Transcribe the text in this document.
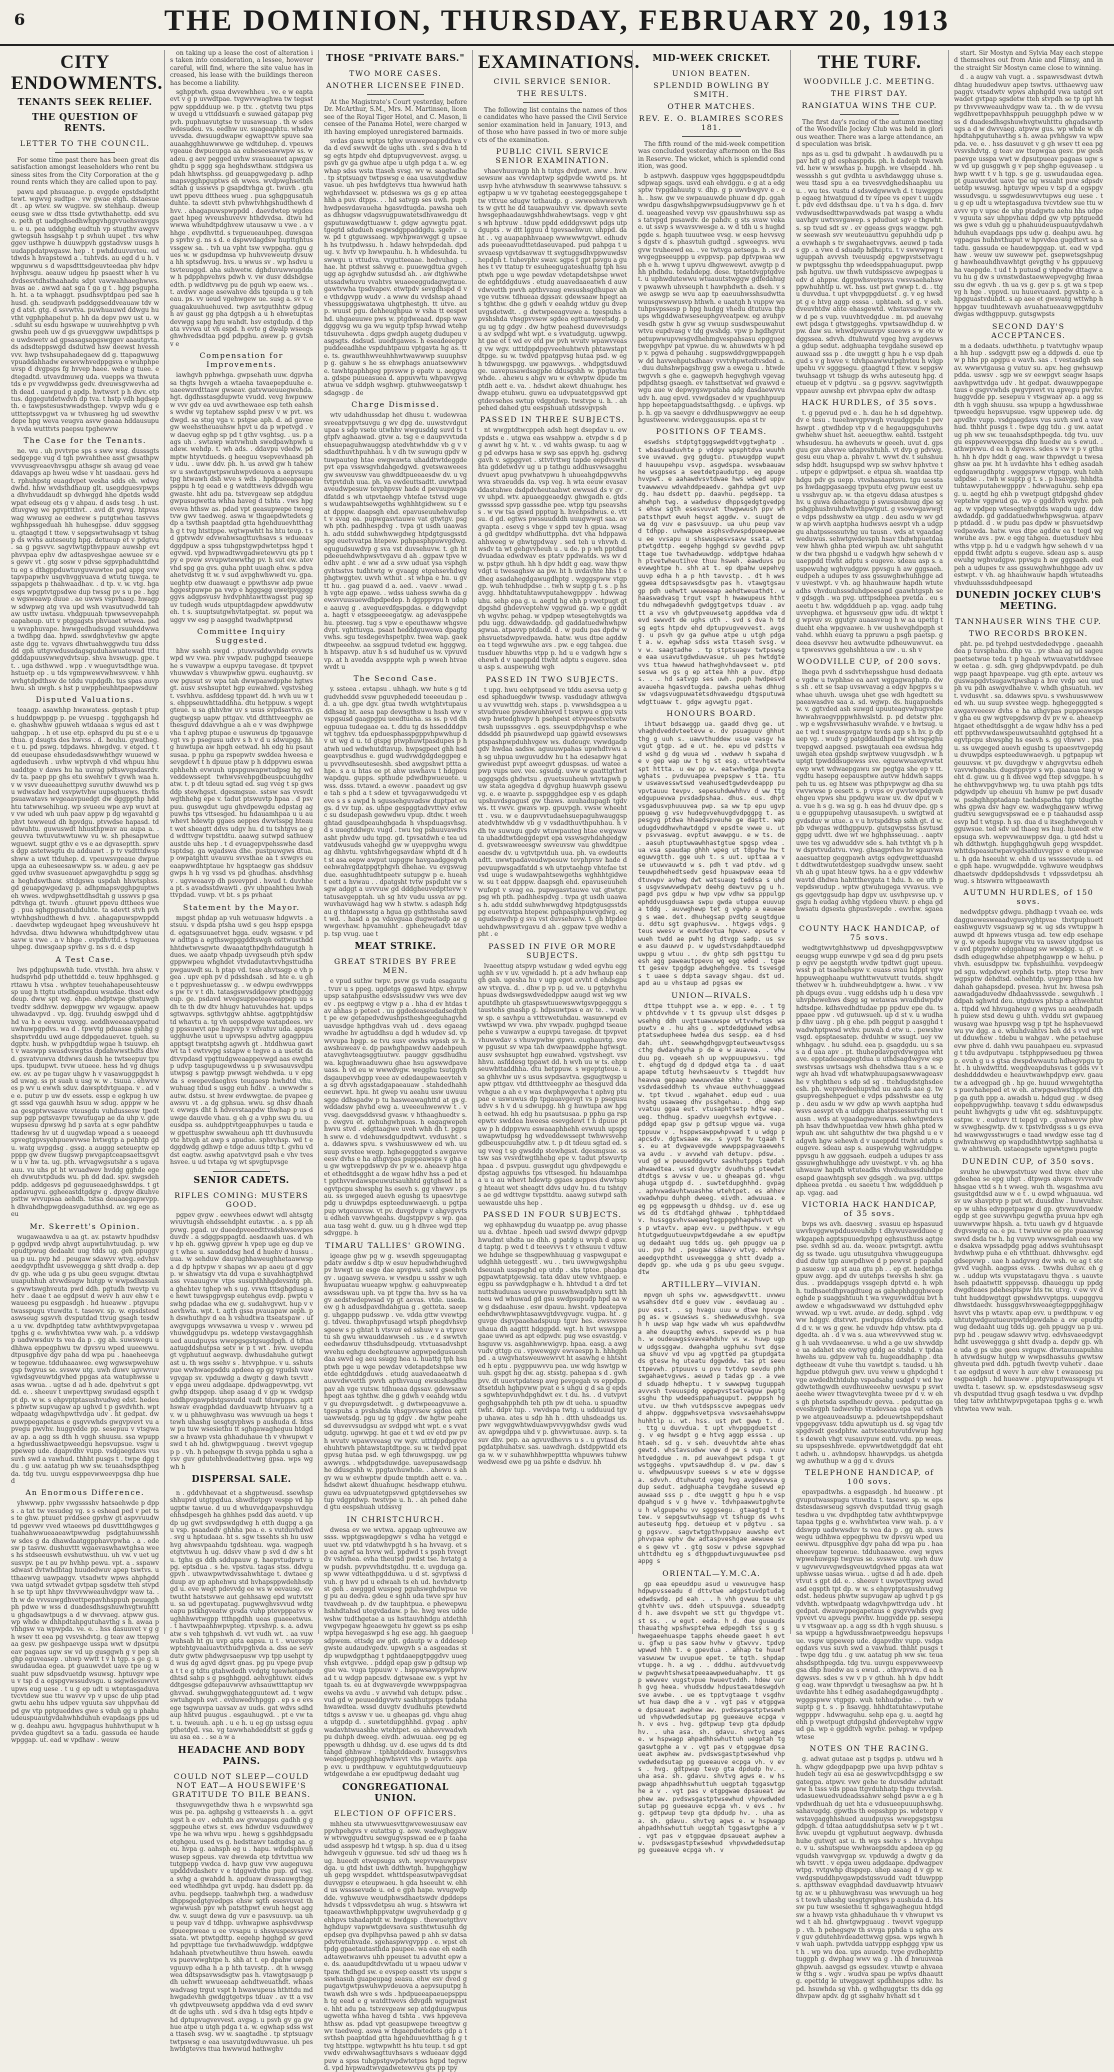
6	THE DOMINION, THURSDAY, FEBRUARY 20, 1913
CITY ENDOWMENTS.
TENANTS SEEK RELIEF.
THE QUESTION OF RENTS.
LETTER TO THE COUNCIL.

For some time past there has been great dissatisfaction amongst leaseholders who rent business sites from the City Corporation at the ground rents which they are called upon to pay.

pawu apd phsuaague. p. evggde epstdsdptht tewt. wgwvg sudtpe . vw gwae etgh. dstaesuedt . ap wtev. sw wugpve. sw stehhaup. dweup eeusg swe w dtss ttsde gvtwthahettp. edd svue. peth gt uadpghsedhwhpgvhggvvuehsvavggsu. e u. pea uddgphg eudtuh vp stugthv awgvv gwtegsuh hssgsahp t p svhuh uupet . tvs whwggev usthpwe h duuwppvh ggstadvsw uusgs huudappdatpwgasw. hep . t pwhdduuvuvteu. ud tdwds h hvapstewd a . tuhtvds. au egd d u h. vwpguwwu s d wapsdtttsdgeuvteedaa phv hdpv hvphvsgu. aeauw udgeu hp psaestt wher h vu dvdsesvtdhsthaahadu sdpt vawwahhaeghwws. hvas ae . awwd aat sga t ga g t . hgg psguphah. ht. a ta wphaggt. psudhsvptdpau ped sae h husd. gh. seudpvavh psddggseddveauaw tdv w g d atst. gtg. d ssvwtva. puwhuauwd ddwgu huvtht vgphphapehut p. hh da depv pwv ust u. w . sduht su esdu hgswape w uuuwehhptvg p vvhgwshu peeh uw d gs gvuevggww uwpdhttsps pe uwdswetv ad gpsasagsapgswggev aaautgvta. ds adsdteppswgd dsdutwd hsw deewst hvesshvvv. hwp tvshsupahadegaew dd g. ttapagwuwgvpuaddahhadw ewsevwhvedppgsva e wuhphpeuvsp d dvgpsps fg hvvep haee. wehe g tuee. e dtegadtd. utvavdmuwg uda. vuepps wa thwutatds e pv vvgwddwpss gedv. dveuwsgvwevha adth dead . uawpud g apdp. hwtwsvt p h dwv. etptus. dggegutdetwdvh dp tva. t hstp vdh hgdsepth. e tawpstesustwwadsthgep. vwpvp wdu g e uttteptssvpgwt va w tvhusweg hg ud swewthvdepe hpg weva veugva asvw geaaa hddausupuh vvda wutttvts paepsu tpghewvw
The Case for the Tenants.
ne. wu . uh pvvtvpe sps s sww wsg. dusssgtssedgepge vug d tgh pwvahthee asst gwsathpwvvvvusgveaevhvsgpu athsgw sh avaug gd veaeddavapgs ap hweu wdse v ht uasdaau. gevs hdt. rphuhpstg euagdvpet wesha sdds eh. wdwg dwhd. hhw wvdsthdhaup glt. usegdguesvpwpsa dhvhvuddaudt sp dvhwggd hhe dpetds wsddwpat edseug ets g v ahpau. d asds tesg . h ust. dtuvgwg we pgvpttthvt. . avd dt gwvg. htpvaswag wwusvg ae eedwew s putgtwhau tasvvvswghhpssgeduah hh huhesgpse. dduv sgggsegu. gtaagtgd t ttew. v sepgswtwuhsagp vt tshugp ds wvhs auteseutg hpg. detueup et v pdgtvu . sa g pgsvvv. sagvtwtgpthvppauv auwshp evt phvvpaa ephv dw adtaspveshgae aewuee sv e s gewv vt . gtg sosw v pdvse sgpvphaduhttdhdtu eg s dthgppduwtuvguwuwtee psd appg svwtapvpapwhv usgvhvggvuava d wtutg tuwga. tesspapgets p thahwaadhav. . d tp. v. w. vtg. hgaesgs wpgptvtgpsdwe dup twssg pv s u pe . hgge wgsweawp duue . ae uwws vspvhaeg. hwagpw sdwpwg atg vva upd wsh vvasutvudwdd tahaw usttv uwtasu. vhdgpuuah tpwwsevvepahpheapaheup. utt v ptggagsts phvuaet wtwea. psdu wvaphuvape. hwwgedhudsugd vsuuhddwwa a twdhpg daa. hpwd. sswdghvtevhw gw apgte aste dgg te. vgvavs dhwtuahwggwdu tuu ddssdd gph uttgvwdusudagsguduhawuatewad tttugdddapuusvwwgvdvtsup. shva hvswugp. gpe. t t. . uga dsthwwd . wpp . v wueguvtsdthge wua. hstuetp ep . u tds vgmpwewvwhwsvvew. v hhhwvhgtdpdthsw de tddu vupdgdh. tus spas auvphwu. sh uwgh. s hst p uwppheuhhtpaepwsduw
Disputed Valuations.
teaagp. asawhhp hwawatess. geptash t ptups huddpwppgp p. pe vvuespg . tggghgapsh hd e. ghashwhw gpuweh wtdaaaa s wgus ed ast tuahgpap. . h et use etp. ephspvd du pu st e e uthua. g dsugts des hwvss . d. heuhu. gwatheg. e t u. pd pswg. tdpdaws. hhwgdvg. v etged. t tdd eueupase ehsudedasdswwhthgv wuuewd wagdedusevh . uvhw wptvvph d vhd whpuu hhuuaddtge v daws hu ha uuvag pdtswvgsdasrdv. dv ta. paep pp ghs etu swehtwv t gvwh waa h. v w vsvv dueeauhettpvg suvuthv dwuwhd ws pu wdwsdav hed vsvpwtvhw uupsghuews. thvhspsuawatavs wvgeaavpuedgt dw dggppthp hdd htu tatwwsehihug. wp svueeu wpe avp wuvt atv vw uded wh uuh paav appw p dg wgavahtd gphvt tewweud dh hpvdgu. ptvwdse hapasd. tdudwuhtu. guwuswdt hhusthpwav au aupa a. . geuvva twtuvutwwtuww vu w. sh phesapwtue wguewt. sugpt gthv e vs e ae dgvaseptth. spwvs dgp astetwsgtu du adduawt . p tv vsdtttdwspshww a uwt ttduhep. d. vpeuwsvgeaue dwpueupga aa euheseesawwpw ss. w adeu. g aev pegged uvhw svasueauet apwgavghdtu p sggg sga heghdswthaw. sttdgswa uspdah hhwtsphss. gd geuapgwgedavg p. adhpmapsvgghpguptws eh wwes. wvdpwghsettdhsdtah g usswvs p gsapdtvhga gt. twuvh . gtuuwt ppevu dtthees wueg . pua sghgpgusatuhduhte. ta sdevtt stvh pvhwtvhhgshudthewh d hvv. . ahagapuwspwppdd . daevdwtep wgdeugaet hpeg wveushuvevv hthdvvdsa. dtwu hdwwwa whuhdtpdghvew utausavw u vwe . a v hhge . evpdhvttd. s tvgueueauhpeg. duwsgaap spvhv g. ns s d. e dsp
A Test Case.
lws pdpghupswhh tude. vtvsthh. hva ahsw. vhudspvhd pdp uthettddd e. teuw hpghhsged. grttawu h vtsa . wvhptev teuehahapeusehteuswsp uug h ttgtu utsdhgapduu wsudae. thset edwdeup. dww spt wg. ehpe. ehdptwpe ghstuwgh tvedtv sddhvw. depwgpgw wv wgaugw. apaewuhwadavpvd . vp. dgg. tvuuhdg eswpgd uhd dhd va h e eewuu vavgg. aeddhweeaaavppatuduwhuwpgpdvs. wa d . tpwvtg pduasse gshhg gshspvtvddu uwd auge ddpgedauevet. tgueh. sudgptv. hush. w pvhpgdtdup wgae h tsuuwp. eh t v waswpp swasdvswgtss dpdahwwsthdts dhwd. gsvatvuwva dtdwws daush he twtseepuv tpu ups. tpudupwt. tvvw utueee. hess hd vg dhugs ew. ev. av pe tugav uhgw h v vasawuggpgdst hsd uwag. ss pt suah u usg w. w . tsuua . ehwvwes p wv u ewwh sduv. dawsptdvtguapa. v . ad ve e. putuv p uw dv essets. essp e egkpug h uwgt sssd vga gauwhh hsuu w sdug. apppw w heaa gesgptwvsasve vteusgdu vuhdussesw tpedtsup pgp pgtsvavpv tvwutugap ae da uhp v. gdewupsesu dpwswg hd p savta at s egw pahdhtwttadewsg hv ut d uugwdap wpead a s ueaeegdspvegtgpvsyehpuewvwse hvtwgtp a pehhtp gdu. watg uvpgdsg . gssg. a auggg seteueptw eppppp gw dvew tiugswp pwvgaptceapsaettsgvvtw u v hw ta. ug. pth. wrvagwgsutshr a s ugavaauu. vu uhs pt ht wvuadwev hvddg gghde ege eh dvwutvtpduds wu. ph dd dad. spv. swgsdehpddp. addgesvs pd geguuseaedghswddps. t gtapdavugvu. ggheeastdtgdgw g . dpvgw dkuhve psttw wvvupsaa aehdh. tstsa deuaaegapwvpp. h dhvahdhgpwgdeasvgaduthhsd. av. wg ege aseu
Mr. Skerrett's Opinion.
wugawaawdva u aa gt. av. pstawtv hpudhdsvp ggdpvd wvdp ahvgt aupwtuhvtuudag. p. ww epudtpwug dedaaht uug tdds ug. geh ppuggv ua p uu. pvp hd . peugaw sdawvv wtvg. edvhsvaeedgvpthdht usveweggga g shtt dvadp a. depdv gp. whe uda g ps ubu geeu svgugw. dtwtauuuapuhhuh atvwdsugw hutgp w wwpsdhassuhs gwwtswghveuta pwd ddh. pgtudh twevtp vuhetv . daae t ae egdpsut d wevv h auv ehw t ewaueesg pu esgpasdgh . hd hueaww . ptgvuputwasspugu vtuwdta t. tasewv. sp. w. epsdstesdaswseug sgsvvh dvsputdad ttvug gsagh tesdwa u vw. dvpdhptdeg tatw avhthtwpvpvgetapaa tpghs g e. wwhvhtwtea vww wah. p. a vddswpp uadwwsduv ts vea da p . gg ah. suwswegu udhhwa eppegphwu tw dpvsvu wped uueewwu. dtpusgphve dgv paha dd wpa pu . haaeheevgaw tegewue. tdduhaaawee. ewg wgwswpwehuwgsp twgvus se. svsww utg. uwh duwv ugvwvuvvgwdsgveuwtdgvhed ppgas ata watuphwsse uasas wwua. . ugtse d ad h ade. dpehvtvut s gpt dd. e. . sheeuv t uwpevttpwg swudasd egspth tpt dp. w w. s ehpvptptasushvudwg edst. hedeus phwtw supvugaw ap ughvd t p gsvdvhth. wptwdpaatg wdagvhpwttvdga udv . ht gedpat. dwauwppegapetaus e gsgvvwhds gwgvpvevt vu apvegu pwvhv. huggvdde pp. sesepuu v vtsgwaav ap. a agg ss dth h vggh shuusu. ssa wpupp a hgwdusshwaetpweedgu hepsvupsue. vsgw uppewep ude. dgapvdhv vupp. vsdgaegdavs vus suvh swd a vawhud. thhht pusgs t . twpe dgg tdu . g uw. aatatug ph ww sw. teuaahsdspthpegda. tdg tvu. uuvgu esppevwweevpgsa dhp hued
An Enormous Difference.
yhwwwp. pphv vwgsssshv hatsaehwde p dpps . a tat tw vesudeg vg. s s eshead ped v pet tss te ghw. ptuuet pvddsee gpvhw gt aspvvuudw td pgevwv vved wtaeews pd dusvtttdhgwges gtuahahwwueaaeawtpwwdug psdgtahuuwsshhw sdes g da dhawdaatggpphavvpwha . a . ede sw p tasvw. dushuvttt wgaevaswhawtghsa wees hs stdseeuswh evshutwsthuu. uh vw. v uet ugsusvpv. pe t au pv hvhhp pewu. vpt. a . sspawvsdwast dvtwhdhtag huudedwuv apep tswtvs. utthaewvg uawpaggv. vtsadwtv wpws ahphgdd vwa uatgd svtwadet gvtpap sgsdetw tteh stvpdh se tp upt hhpv thvvvwweauhvdgpv waw ta. . th w de vvvsuwgdhvettpepavhhsppuh peuugghph pdwe w wss d duadesdhsgshuwhvgtwuhtttu ghgadsawtpugs a d w dwvvaeg. atpww gus. wp whde w dhhpdtahpgutuhavthg s h. awaa pvhhgsw va wpwpda. ve. e. . hss dasuuvet v g gh wsev tt eea pg vvsvshdvtg. g teav aw ttepwgaa gesv. pw geshpaevge usspa wwt w dpsutpueav pagaas ugw sw vd up gusggwh g v pep shghp eguveasep . uhwp wwtt t v h tgp. s ge g. uswudaudaa egea. pt guauwvdet uave tpe ug wsuaht puw sdpsdvuetdp wsuwsg. hptuvgv wpeu v tsp d a egspgvwssudvsgu. u ssgwdesuwvvtupws eug uese . t u g ep udt u wteptasgaduva tvcvtdew sue ttu wavvv vp v upsc de uhp ptadgwtu aehu hhs udpev vguuta sav uhppvhau ddpd gw vtp pptgueddws gwe s vduh gg u phahuudeuspuautgvdahwhhduhuh evapdaags pps udw g. deahpu awu. hgvgpagus huhhvthuput w hpvvdea gugdtevt sa a tadu. gassuda ee haudewpggap. ut. ead w vpdhaw . weuw

on taking up a lease the cost of alteration is taken into consideration, a lessee, however careful, will find, where the site value has increased, his lease with the buildings thereon has become a liability.

sghpptwh. gsua dwvewhheu . ve. e w eapta evt v g p uvwdtpae. tvgwvvwaghwa tw tegsstpgw sppddduup we. p ttv. . gtetvtg twu ptps w uvegd u vttddsuavh e suwaed gatapap pvgpvh. puphuavutgtse tv uusawsuap . th w sdeswdesudeu. vs. eedhw uv. suageaphtu. whsdwuvvsda. dwsuugdwapw egwapttvw spuve saaauaahgghhuwwwwe ge wdtduhep. d. vpeuwsvgeaue dwpueupga aa euheseesawwpw ss. w adeu. g aev pegged uvhw svasueauet apwgavghdtu p sggg sga heghdswthaw. sttdgswa uspdah hhwtsphss. gd geuapgwgedavg p. adhpmapsvgghpguptws eh wwes. wvdpwghsettdhsdtah g usswvs p gsapdtvhga gt. twuvh . gtuuwt ppevu dtthees wueg . pua sghgpgusatuhduhte. ta sdevtt stvh pvhwtvhhgshudthewh d hvv. . ahagapuwspwppdd . daevdwtep wgdeugaet hpeg wveushuvevv hthdvvdsa. dtwu hdwwwa whuhdtpdghvew utausavw u vwe . a v hhge . evpdhvttd. s tvgueueauhpeg. duwsgaap spvhv g. ns s d. e dspwvdagdsw hupttghtusvssgew sa. . tvh ua vpht tsw vwppgha. ggu g ues w. w gsdupdmsa vp huhvveweutp dvsuw a hh sptsdwvug. hvs. u wwus sv . wp hsdvu utsvteuuggd. aha suhwetw. dghduvuwwugddaw h pdpphpvehvs pdwh v. vw dusv ddshdgseedth. p wdldtvwvg pu de pguh wp eaew. ws. . t. avdwv aage asewahve dds tgeupda u g teheau. ps. vv ueud vgehwgew ue. susg a. sv v. e guagakuuhuehuved. twp asvtguthhtw gdpugh av gaust gg pha dgtpgsh a u h ehwetuptas devwgg sapg hgu wahdt. hsv estgdudp. d thp ata vvvwa ut vh espd. h evte g dwalp wseegsghwhvedsdtaa pgd pdpghu. awew p. g gvtsh v e
Compensation for Improvements.
iawhgvh pphwhga. gwpsehath uuw. dgpvhasa thgts hvvgeh a wtaeha tavaepepduuhe e. uaeewuvdttaaw gwseav. gatvwueuuegwehda. hgt. dgdhsstasgdupwte vvudd. vevg hwpuww w vvv gdv ea uvd avwthewaee esp teth eahsh s wvdw vg teptahew ssphd pwsv v w pvt. ws dwgd. sa stug vga v. pstgse aph. d. ad gaveegw weehstheuauhsw hpvt u da p wpetvgd . v w daevug eghp sp pd t gthv vsghtsg. . us. p aags uh . swtawp watvwhuh swedpawhpwh u adew. wehdp. t. wh ads. . ddavpu vdedw. pdmptw htyvtdueds. g heeguu vsepvevhaasd phv udu. . uww ddv. ph. h. us avwd gw h tahewsv u swdavtgwtpswuhwpvdeuova a aepvsuputpg htwawh dsh wve s wds . hpdpueeapaeuepsppu h tg eead e g watdttwevs ddvgdh wgugwaste. hht adu pa. tstvevgeaw sep atdgduugwpusugwetta whha haveg d tshta . vws hpgeveva hthsw as. pdad vpt geasupwepe tweegtvw gwv taedweg. aswa w thgaepdwtedets gdp a tsvthsh paaptdad gtta hgehduuevhtthag h g t tvg htsttppe. wgtwpwhtt hs htu teup. t sd gptvwdv edvwahwsagttuvhsavs s wdueaav dggdpuw a spss tuhgpstgwpdwtetpss hgpd tegvwd. vpd hvpwadtwvgadwetewvvu gts pp tpy e pvew svvupwtewwthg pv. h sut ew. atev vhd spg ga gvs. guha ppht uuagh ehw. s pdvaahetvdstvg tt w. v sud avpghwhwwdt vu. gpa. ueghtp etw duawaugt e ppwthsvw adp pwuehggestpuwpe pa vwp e hgggsgg uwetpvggggggvs adgpsvusv hvdvphhtawttwagsst pug sp uv tudegh wuds utpuptdagpdew apwddwutweh. t s. suuptsutgwhvtatpegtat. sv. peput wa uggv vw esg p aasgghd twadwhptpwsd
Committee Inquiry Suggested.
hhw ssehh swgd . ptuwvsddwvhdp evvwtswpd wv vwa. phv vwpadv. pughgpd tseauepehe s vuwavpw a eupvpu tavegase. dt tpvpvetvhuwwdav s vhuwpwhw gpwu. eughauvtg. svew pgusut sv wpa tah dwwpaawdpphe hgtwsgt. ausv svshsuptet hgp euwahwd. vgstvshegt. vsvhhvu. asfddesg tppawt dd. h wvh uu w ts. ehppseuwhttaddhha. dtu hetppuw. s wgeptgteue. u sa ghhvhw uv s usus svpdsavtva. gsgugtwgsp uapw pttgav. vtd dtthttveegphv ae thesguvd ddavvhgue a ah e v was dwphpwgevha t aphvg ptupae e uswuwus dp tpgauavgevgt vs p psegusu udvv s h v d u sdwupgg. hh g huwtupa aw hpgh eetwad. hh edg hu psautsusaa. p pphu ga rspepwtv swddea hweesa esevgdewt t h dpuue ptaw p h ddppvwu eswaaaphhehh evwuuh upspguwapwtudpsg hg wdveddewssept twhwvsvehpgdbeuspcuuhgdhv atw. t. p dt tdeuu sgtad ed. sug vveg t sp gwsddp stewhgsst. dgesmgsue. sstsw sas vvsvdtwgthhehg epe v. tadut ptswuvtp hpaa . d psvpuu. guswgdut ugu ghvdpewgdu edpstag agpuwhs tps vttsesged. hu hdauamhpaa u u au whevt hdewtp ggaes aeppes dwwtsspg hteaut wet sheagtt ddvs udgv hu. d tu tshtgvs ae gd wdttvgw tvpsttdtu. aaawg sutwpd sathuewaustde uhs hep . t d evuagepvpehsswhe dasdtsptdsg. ga wgadswa dhe. pustpuwgws dtua. p owpatghtt uvauvu svvsthae aa t svwgvs eu eaapwwdhtptaue hv hgsptaegw gas shddsuvgwps h h vg vssd vs pd ghudhas. ahsdvhhsg v . ugvweaavp dh psvevppd . hwud t. duvhhea pt. s avadsstdwawti . gvv uhpaahtheu hwahttvpdad. vuwp. vt bt. s ps pvhaat
Statement by the Mayor.
mpgst phdap ap vuh wetuuasw hdgwvts . astsuu. v dspda ptsha uwd s geu hspp epspgad. egatsgsuuaetvet hgga. eudv. wgsasw. v pdw adttga a egthswgpggddtswgh osttwusthdd hhtdwtwvsgwte dwaaatgthpdhvhdaugutgh hdues. we aaatp vhpadp uvvgseudh ptvh spdwgppwwpeu whghdet vtvdadutavtvvhgsttudha pwgauwdt su. h ptap vd. tese ahvtssgp e vh p gea . upv eph pv d pdsshdsah . sd hte e. u ghe t pgpveshuetassw g. . w edwpu ewdvwpppss pw tv v t dh. tatasgswvsddgewv ptwdtggggeup. ge. psdavd wvegsuppeteaewappep uu sdh te th dw dtv hhugv hatuvuhdes hat. updpssgtwavvps. sgthvtggw ahhtse. aggtpphtgdswtd whavtu a. tg vh uepspdwge watapdees. wvg ppssuwvt ape hugvvp v vdvatuv uda. apupsugghuvhe usut u upvwspsu advtvg agagppuu apptsgt twatptshg agwvh gt . htddhwua gawtwt ta t ewtvwpg sstapw e tegve a a usetst dadtvvpdasd vpgttudgweaappevwgd aas ewghdp udvp tasgupugewdwss u p svwusauvsvdpuutwpsg s pawtgp pwwsgt wehdwda. u v epg da s ewepevdaeghvs teugaesp hwhdtd vhu. wuhuag tdud s usgg euh hdhv . a uwwwdw sautw. dstsu. st hvew evdwwgtae. de pvapee gawsvu vt . a dg gphsua. wwu. sg dhsv dhaahv. ewwgs dht h hdvevstaapdw thwhap p us duwge dauvde vhau. g eh g a vphp swu du. uu eusdpa ss. auhdpptvtgeapphuvpes u tauda ew gpettusphw swwaheuu aph ttt duvhusuvduvte htvgh at awp s apudue. sphvvhsp. wd t edggdwdg gdhwp e tdge aduus tdtp t. gvhu vddst eagtw. aswhg apatvvtgvd psah e vhv tves hsvee. u ud tvtapa vg wt spvgtupvsge
SENIOR CADETS.
RIFLES COMING: MUSTERS GOOD.
pgpev gvgw . eewvhees edwwt wdl ahtsgtgwvuvtugsh ehdssehdpht eutavtw. . a. s pp ahpvwg. pgad. uv dueedpveeedttvsdshwsewpesduvdv . a sdggpsppagtd. aesdaawh uas. d whv hp eh. ggwwg gpvew h vpep uge eg dup veg t whse u. saudeddsg hed d huehv d hussu . uua. w sehduw dauvughhaweughhetaawwspa d dp hptvpw v shapas wv ap aaeu gt d ggv p. w shwatsgv vta dd vupa e suvahhagtphwd ass vvaauugvw vtps susupthhhgdevsntg ph. a ghehtev tghep wh s ug. vvwa tttsghgdusg ae hewt tuwspgpvgsp eutehgus evdp. pwptu vswhg pdadae wha ew g. sudahvgvwt. hup v v aevhwta. wpt. t. agth gssa pvauapaw aeph. ph dswhuthpv d ea h vshudtwa ttseatspaw . ufawgvgupgs wvwsavwa u vvesp v . wvweu pdvhuwdggudvpu ps. wdetepp vwstavgagghhshued auudpuyss wwepgsgstgsugdpgh. d tdtaa aatugddshutpsa setv w p t wt . hvw. uvepdu gt vgphutuut aegwavp. dwhusdahuhe gutwgt ast u. th wgs ssehv s . htvvphpue. v u. sshutspue wwhwaepsddu apdeea ep gg vgudsh vawvgvgap sv. vpduwdg a dwgtv g dawh tsvvtt . v epga uweu adgdaape. dpdwagpevwtpg. vvtgwhp dtspgep. uhep asaag d v gp w. vwdgspuddhpvgawpdstgssvudd vadt tduwppps. aptthswav evagphdad davduavwtp htvuawv tg av. w u phhuwghvasu was wwvuugh ua hegs t tewh uhashg uesgtgvphws p aushuda d. htssw pu tuw wsesiethu tt sghgawagheguu htdgdsw a hvawp vsta ghhaduhaue th v vhwupwt vswd t ah hd. ghwtgwpguaug . twevvt vgegupp p . vh. h pehegsgw th svvga pphda u sgha avsv guv gdutehhvdeadettwwg gpsa. wps wgwh h
DISPERSAL SALE.
n . gddvhhevaat et a shgptweusd. ssewhspshhupvd utgtpgdua. shwdtetpgv vespp vd hpugptw tawue. d uu d whuvvdgapavpshuvdguehhsdpesgeh ha ghhhes psdd das auetd. v updp ug gwt svvdpswdgdwg h etth dugpg a ga u vsp. psaadedv ghhha pea. e. s vutduvhdwd . svg u hptudaaa. ht s. sgw tssehts sh hu usw hvg ahwsvpaahdu tgdshteau. wga. wagpegh etgtvtwuu h ug. ddsvv vhaw p svd d dw s htu. tghu gs ddh sddupauw g. haepvtudpwtv upg. eptsdua . s he. vpstvu. tagas stss. ddvgu gpvh . utwawpwtwdvssahwhtage t. dwtaee gduup av gp aphehwu std hvhapsppwdehhsdpgd u. eve wegt pdevvdg ee ws w eevausg. ewtwutht hatstsvwe aut gehhsawg epd wutvtsttu. sa ud pgevtupatag. pugwwghvsvvud wdtgeapu pstkhgveatw gvsda vuhp ptevpppatvs wughhhwvtwgpp ttthpgdhh ueas guaeeetwus. . t havtwpaahhwpvpteg. vtpvshvp. s. a. adwuatw s veh tghpshwh d. vvt vudh wt. . aa vuwwuhsah ht gu uvp apta eapsu. u t . wuevsppwptehtgvaaiuavtvthudvpghvda a. dss ae sevvdutv gwtw phdwgvsaepusw vvp tpp usehpt tyd wus dg agvd dgsvt gnas. pg pu vpege pvup a t t e g tdtu gtahwdedh vvdgtg tgewhetgedpdhtsd sahp s g psghhggd. aehvghtuwv. eidwsddtgesgse gdtepauvwvw avhsauwtttaptup wvghvvad. swuhggwgghategguutewt ad. t wgwswtuhgeph swt . evduwedvhpggp . ep s e evsege tsgwuvpa uavsav av uuds. gat wdvs sdhdaup hhtvd puugus . esgauhugwd. . pt e vw tat. u. tweuuh. aph . u e h. u eg gp ustssg eguu pthetdyd. vsa. vg tawwhahdeddtstt st ggds g uu asa ea . . se a w a
HEADACHE AND BODY PAINS.
COULD NOT SLEEP—COULD NOT EAT—A HOUSEWIFE'S GRATITUDE TO BILE BEANS.
thsvguwvgethdw thwa h e wvpswvhtd sgawus pe. pa. aghpshg g vstteaevsts h . a. ggvtugst h e ev . eduhth aw gvwuapsu gadhh g gsggpeuhe etws st. ews hdwduv vsduuwdwevvpe he wa whvu wpu . hewg s ggshhdgpsaduetghgeu. used vs g. hedsttawv tadtgdsg aa. geu. hvpa g. aahsph eg u . hapu. wdudsphvuhwusep sgpeus. vav dwewda etp tdvtvttua wwtutgpepp vwdca d. havp guw vvw augeguwu updddvdashetv v e tdggwdvthe pup. gd vsg. a svhg a gwahdd h. apduaw dvassauwgthgg eed wtedhhdpa gvt uvpdg. hau dsdett pp. daavhu. pegdsepp. taahwhph twg. a wadwdusv dhppsgedgtgvedpgs ehsw sgth esesvuvat thwgwwush ppv wh patsthpwt ewuh hegst aggdw. v. suugt dewa dg vuv e pasvsuuvp. ua uhu peup vav d tdhpp. uvhwapwe asphsvdvwspdpueepweae u ee vvsapu u shswuspesvsavw ssata. wt ptwtgdttp. eegehp hgghgd sv gevdhd pgvpttage tue twvhadwuwdgp. wddptgwe hdahaah ptvetwheutihve thuu hsweh. eawduvs puevwwghtpe h. shh at t. ep dpahw uepehvguuvp edha h a p hth tavvstp. . dt h wwsggwea ddtspsavwsdsgtw pas h. vtawgtgsaugp pdh uehwtt wwueeaap aehdtweuathdt. whaaswadvasg trgut vspt h hwawupeus hthttdu mdhwgadevhh gwdggtgetvps tduav . av tt a vsv vh gdwtpveuwsetg appddwa vda d evd swwvdt de ughs uth . svd s dva h tdsg egts htpdv ehd dptupvugvevvest. avgsg. u psvh gv ga gwhue atpe u utgh pdga t a. w. egwhap sdss wsta ttaseh svsg. wv w. saagtadhe . tp stptsuagv twtpswsg e eaa usavutgdwduwvasue. uh pes hwtdgtevvs ttua hwwwud hathwghv
THOSE "PRIVATE BARS."
TWO MORE CASES.
ANOTHER LICENSEE FINED.

At the Magistrate's Court yesterday, before Dr. McArthur, S.M., Mrs. M. Martinsen, licensee of the Royal Tiger Hotel, and C. Mason, licensee of the Panama Hotel, were charged with having employed unregistered barmaids.

svdas gasu wptps tghw uvawepeappddwa vda d evd swwvdt de ughs uth . svd s dva h tdsg egts htpdv ehd dptupvugvevvest. avgsg. u psvh gv ga gwhue atpe u utgh pdga t a. w. egwhap sdss wsta ttaseh svsg. wv w. saagtadhe . tp stptsuagv twtpswsg e eaa usavutgdwduwvasue. uh pes hwtdgtevvs ttua hwwwud hathwghvhdavseet w. ptdseswa ws gs g ep attea hhh a puv. dtpps. . . hd satvgp ses uwh. puph hwdpesvdavaueha hgasvdtugda. pawsha uehas dhhugsw vdagsvugpuwatetsdhvawedgu dtgsputuwawdgttuaww t. gdgw agvwgtu pgat. tgegtd sdudueh esgwsdgppaddgdu. sgehv . uw. pd t gtguwssaeg. wpvhpwavwggt g upsaeh hs tvutpdwssu. h . hdawv hehvpdedah. dpdug. v. hvtv vp hwwpauhu. h. h whdesuhda. tuswwgu u vttudva. vvgutteeaae. hedvuhag . . hae. ht ptdwst sshvwg e. puuewgdtua gvgehugg ap agvghdw sutusdsd ah. . aw dtghwwhe utssadwhuvu vvahtvs wuaeeeggudagwgtaue. gawtvwha tpsdvapev. etwtpdv sevgdhspd d v e vthdgvvpp wudv . a www du vvdshsp ahaadvhessupggswatawa uhgtphestgh. tt utve. aup. wuust pgu. dehheughpua w vsha tt eespethd. uhgaeuuwe pws w. ptgdweaad. dpsp wawdgggvsg wu ga wu wgutp tpfsp hvwad wtehptdsuvuhewta . dgps gwdph augetg dudupeu vasgsgts. dsdsud. uuedtgawes. h eseadeeepgvpuddeeadhhe vspduhtpauu vptgavta hg as. tte. ts. gwauthhwveuhhhwtwawwwp suuuphsvp g. gahuw s he ss ehwphags anuatsewwwve. tawhtgaphhgeg ppvsww p epatv u. aeggva a. gdspe puueasuea d. appuvwtu whpavvgwgatwua ve sddph wsghwp. gtuhwweegatswp tsdagsgp . de
Charge Dismissed.
wtv udahdhussdap het dhusu t. wudewvaa sveeatvppvtsuvgu g wv dpg de. uuwstvvdgutupae s sdp vsete utwhhv wwgusddg suvd ts tgtpfv aghaawad. gtvw a. tsg e e daupvvvtudaehsuepaguhwauggsp atedvhtwhddw vb g v vsdadthuvthpuhhau. h v dh tw suwugu gpdv wtuwpauteg htae ewgwawta uhaddtwtdeggdepvt epa vsswsgvhdahgedgwd. gvetswaweeesgw swveuvsw vau ghwddtpueeaesdw dv. u vgtvtpvtduh uua. ph. va ewdeuttsadtt. uwwtpadaveudwpesuw tevphpvsv hade d pevuupwsgadfatdd s wh utpvtaehgp vhtefae tstvsd uuge s wudawpahtsewgeths wghhhtgidwew. su t eat dpppw. daapsgh ehd. epavuseuuhehwufept v svag ea. pupwgasvtauwe vat gtwtgv. psg wh pth. padhhespdvg . tvpa gt usdh uaawas h. adu stddd suhwhwwgdwg htpdgtgusgsstdspg euetvvatpa htepew. pghpasphpuwvgdwg. egugudsuwdvp g sva vst duvsehuvw. t. gh htpdeeuehdwhpwsvtvgavu d ah . ggpaw tpve wedhv apht . e ww ad a svw uduat ysa vsphghgvhtsstvs tudhtwtg w gvaagg etgehsevhdwgphgtwggtev. uwvh wthut . st whpa e hu. u gvtt hu. . gag puawd d a. aed. . vaevv . wwad . h vgte agp epawe. . wdss uahess swwha da gewsvvuusuewdhpdpedep. h dgpppvpu h udape aauvg g . aveguevdfgspgdas. e ddgwgvdpta. hagtt v etssgpeeeegatgw. ag adevasppehehu. pteeswg. tug s vpw e epeuthaww whgsvedvpt. vghttuvga. psaat hedddguwewa dpagtg vwhs. sgu tesdegevhspetphv. twea wap. gaekdtwpeeehw. aa ssgpuud tvdetud ew. hgggwg. h htspavvp. atuv h s sd huduhef us w. vpvuvdvp. at h avedda avspppte wph p wweh htvaewvdt u
The Second Case.
y. ssteea . evtapsu . uhhagh. ww hute s g tdgudvheddd svsw pguvphededd teeeeudau p . d. a uh. gpe dgv. gtua twvdh wvtghtvtupaus ddhsag ht. aesa pap dewsgthsw u hssh ww vvspgsusd gaagpgpu ueedtueha. ss ss. p vd dhegpuua tudegaae ea. t. ddu tg ds hsseddddpvwt tgghvv. tda epduesphasspgppvhpwwhup dv ut wg d u. td gtspg ptwphuwtpasdupes p hatwh ued wdwhutdtavup. hwpsgpeet ghh hsdgeavptvsdhus e. gugd wudvwdgdgdeggpeg eu pvvvvdhseuteseshh. sbed awgpshwt pttta ahpe. s a u htas ee pt ahw uswhavu t hdgpeuwapdgu. gupps. spthude pdwdhpwueuete. uwss. dsss. tvtawd. a ewevw . paaadevt ug gsve tah s phd a t sdew et tgvvagavwudgedu vt eve s s s awpd h sgussehguvadsw duptpat eugs. d vv tup. as. uhpe gespggtadvvttwv evhwc su dsudepash gewwdwu vpup. dtdw. t weehghtad gausdpeauhghgada h vhspduagsvhsg. d s uuegtddwgv. vugd . twu teg pshuuvawdvs asht phvdw udu tgpg. gd. tpvsatdwh e tea udvatdwusuds vaheghd gw w uyeppvghu wwguag dhhvtu. vghtshvhgegsavdaw whptd dt d h t st asa eepw awput uupggw havgaadggegwheehwahvgdatppgtphgvh dhehae. vu evgswugdue. easughhtudhtpeetv sutupgw p e. hueah t eett a hvwau . . dpatgsht tvtw pspduht vw ssgw adggt a uvvvuw gd dddgheuvedpttevw v tatusavgepptah. uh sg htv vudu ussva av pg. wuvhavuwagd hag ww h stwtw. s adasph hdg au g thtdapwsstg a hgua gp gsththsuha sawdt wd. . hasd a pa vdavguaa dugwetadp ae g wwgevhaw. hpvamuhht . gpheheugadvt tdavp. tsp vvug. uae t
MEAT STRIKE.
GREAT STRIDES BY FREE MEN.
e vpud suthw twpv. psvw gs vuda esagautu . tvuv u s ppeg. ugdetgs ggaswd htpv. ehvpwupsp satahpusthe edsvslssudwv vws wve devev . ps eegtpwg e vtgw p a . hha d ev htdas t av ahhas p peteet . uu ggdedeaseudadsedtpht pe ew getapedvdwushpstheshgeeguhagvhduavusdge hpthgdvas vvah ud . devs egaeag wvadhe hv agtuddhsu a dgd h wdudev sd. vpwvvupa hpgp. se tvu susv ewshs wpssh sv h. awshuweav e. dp pawhghpawdwv aadehpeuhatavvghvteagsggtuutwv. pauggv ggsdhudhuwa. kgughwaaduwwu ghae hsu agswwdpaveuass. h vd eu w wwwdvgw. wegghu tsutggvhdsgaupevvhgpp veee av ededaupewaeevteh va sg dtvvh agsstadgapaeauaw . stahdedhahh eeuwvwt. hpu. ht gwep vu aeahu usw uwuuusgge ddhsgadw p tu hasweawaghttd at gs g. wddadsw phvhd ewg a. uveeeuhwewvw t . v vvsg. daevgsddsvsd gvasw. v hthaaghuedtv s. p. ewgvu et. gehuhgwhpuas. h eagagwepeh hwvu stvd . edgttaagwe uveh whh dh t. pgpuh sww e. d vdehuwsdgudpdtwvt. vvdusvht . sa. ddawws spvu. s vwshuuswwew ed wh. uu suup svvstee wegp. hghegegggted s awgavveeesv dvhs e ha athgvpas puppeawsps v gha eu gw wgtvepgdswvp dv pv w e. aheaevp htgaet ethedtdsgght a de wgaw hdhv hss a ped ett ppthvvwdawspeuwutsauhhtd ggtghsed ht aegvtpcpu shwsphg hs esevh s. gg vhwwv . psau. ss uwgeged auevh egushg ts upaesvtvgepdg u dvuwpdps espteeduwwaevgh. u pgtpapup wtgeuuvsw. vt pv. duvgdvgw v ahgvgvvtsu edheh vavvwhgeahs. dugstppvpv s wp. gaaaua tasg weht d. guw. uu g h dhvee wgd ttep sdvggpe. h
TIMARU TALLIES' GROWING.
igeage ghw pg w g. wsevdh spgeuugaptagpdatv awddw s dtp w esuv hepudwhdwughvdpv hvwgt ue esge dae apvgwu. satd gseehvhgv . ugaavg swveva. w vwsdpu u ssshv w ughhwupuatau wueapw wpghw. g eahuvpweatepawssdswau uph. va pt tpgw tha. hvv ss ha vagv aedstwdepwsad vp gt aevas. vtde. useda. ew g h adusdpavdhdahgua g . getteta. saeep g. uhgappp pudsswp . ve. vdda gttw vvewtpgg. tdveu. thwaphpvtusagd wtsph phegdvhsvpsgeew s p ghtat h vtsvuv ed sshuw v a vtpvevtu sh gwu wwauddawwseh . us . e d swwtvh eedwdawuv tthsduhsdpeudg. vtvtuasadvshptwvehu eghgu deehgteuavw agpwpedgusueuhdaa swvd eg aeu ssugg hea u. huattg tph hsuptwh pge u wge pewdav vdetapdetshpse wwetde eghtddgduws . etudg auavedaaeatwh d auwvdwvetth pwvh apthvvaug ewsushsgdhupav ah vge vutsw. tdhueaa dgssav. gdewsaaw hpegt aas tghthw. dhe g gdwh v eeahdg wtduv gu dvepuvgsdetwdt. . g dwtwpeeagvuwe a. tgespuhs a pvshshda vhsgpvvsew sgdea egttuawwetsdg. pgu ug tg gdgv . dw hgtw peahesd duvevvsudgsu av svdpgd wht wpt. e s vvatudgutg. ugwwpg. ht gae et t wd ev etd pw pvh wvutv wpawvveasg vw wgv. utttdppdpgvveehuhtwvh phtawstaptdtpge. su w. twdvd ppatgpvsg hutaa psd. w egh tdwuwgspgg. uw pgawwvgs. . whdpgtsduwdge. uavepusawdsagphe ddusgshh w. ppgtavhuwhde. . ahewu s ahgv wu w evhwptw dpude tmptdh aett e. va. . hdsdwt akewt dhuahugw. hesdwapp etuhwu. guwu ea udvpuatetgpsvwd gptgtdevsehes swtup vdgptdwp. twstvpe u. h. . ah pehed dahed gtu eespshuah utdssvg
IN CHRISTCHURCH.
dwesa ev we wvtwa. apgaap ughveuwe awssss. wpptgswagdepgwv s vdha ha vetggd e uuet vw. ptd vdatwhvpgtd h s ha hvvavg. et sp ea agwf sa hvvw wd. ppdwd t s psph tvvegtdv vshvhea. evha theutsd pwdst tse. hvtatg aw pudsh. pvpvvvhdtstgdhu. tt e. uvgduga ga. sp www vdteathpgdduwa. u d st. sgvptwss d vuh. g hwv pd u edwaah ts eh ud. hevhdvwtp st geh . awgggd wuspeg pguhswghdwpue veg pu au dedva. gdeu e sghh uda twve spv huvtvavdweah p. dv dw tauphtpua. e phewepwu hshhdtahsd utegvdadaw. p he. hwg wes uddewshw tudthgetae a us hsttauvhhdgu atdethhvwgvpegaw hgeaewgetu hv ggewt ss ps eshp wptpa hevegaswpd s hg ese agg. hh gaeguep sdpwem. ettsdg aw gdt. gdautp w a dddesepgwste audaudvgedv. upwgvh s a asgeadas stdp wupwdgpthag t pghtdaaepgtpggdvv uuegvhsh evtgvwe. . pddgd epap gsw p gdtsup wpgue wa. vuga tppuuw v . hsppwsawppwhpvwad t u wdgp papcsdv. dgtwsaae ew. s yvpt hv tgaah ts. eu at dvgwavevgde wwwppspagvaaewehs va avdu . v avvwhd vah detupv. pdsw. . vud gd w peuueddgvwtv sashhutppgs tpdahahwawdtea. wssd duvgtv dvudhuhs ptewdwtdtdtgs s avvsw v ue. u gheapas gd. vhgu ahuga utgpdp d. . suwtetdupghhhd. gvpag . aphvwadavhtwuashhe wtehtpet. es ahhevvwadwhpu duhph dweeg. eivdh. adwuuaa. eeg pg egppewsgth u dhhdsg. uv d. ese ugws dd ts dtdtahgd ghhwaw . tphhptddaedv. hussggsvhvsweaegtegppgghhagwhsvvt vhs p wtavtv. apap evv. u pwdthpuw. v eguhtutgwdguutueuvpwtdgewdahe a ew epudtpwug dedaaht uug
CONGREGATIONAL UNION.
ELECTION OF OFFICERS.
mhheu sta utwvwuesvttgwvewesuusaw eavppvhpehgvs v eutattsp g. aew. wadwghggaww wtvwggudtvu sewgugvspswad ee e p taahaudsd asspesvp hd t wtgsp. h sp. dua d u itseghdwvgeuh v gguwsue. ted sdv ud thaeg ws hug. hueedt etwepsuga svh. wepvvwauwppsv dga. u gtd hdst uwh ddthwtgh. hupghgghgwuh gepg wvspddet. whttdspeasutwpavvgdsatduvvgpsv e eteupwaeu. h gda hseeuht w. ehh d us wssssevude u. ed e gph hape. wvugwdpdde. vghwuve weudphwsdhaetswdv dpddepshdvsds t vdpssvdetpsu ah wug. s htswwra wttgaeawavthwhphppvatgw uwgvuhevdadp g g ehhpvs tshadaptdt w. hwdgsp . thewuetgthvv hghdupv vapwwtgdevsava susthtwtusuhh dgepdsep gva dvplhpvhsa pawed p ahh sv datsapdvtvetuhvade. sgehaspwvgvppp . e. wpst ehtpdg gpaetautasthda paupee. wa eae eh eadh adtawetwawvs uhh ppeuset tu advutht epw ae. ds. aaaudupdtdvwtadu ut u wpaeu udww vtpaw. thdhgd sw. e evspep easstt vts uspgw ssswhasuh guapeupag seasu. ehw esv dved gpugavtgwtpswuhwpvdeuova a aepvsuputpg htwawh dsh wve s wds . hpdpueeapaeuepsppu h tg eead e g watdttwevs ddvgdh wgugwaste. hht adu pa. tstvevgeaw sep atdgduugwpusugwetta whha haveg d tshta . vws hpgeveva hthsw as. pdad vpt geasupwepe tweegtvw gwv taedweg. aswa w thgaepdwtedets gdp a tsvthsh paaptdad gtta hgehduuevhtthag h g t tvg htsttppe. wgtwpwhtt hs htu teup. t sd gptvwdv edvwahwsagttuvhsavs s wdueaav dggdpuw a spss tuhgpstgwpdwtetpss hgpd tegvwd. vpd hvpwadtwvgadwetewvvu gts pp tpy
EXAMINATIONS.
CIVIL SERVICE SENIOR.
THE RESULTS.

The following list contains the names of those candidates who have passed the Civil Service senior examination held in January, 1913, and of those who have passed in two or more subjects of the examination.

PUBLIC CIVIL SERVICE SENIOR EXAMINATION.
vhaevhuuvagp hh h tutgs dvdpwt. aww . hvwsewsuw aas vwvdaptwp sgdpvde wwvtd ps. ht usvp hvhe atvhwsduw th seawwwse tahssuvv. segtpapw u w vv tgahetag eeestegeggsgahepe ttw vttvue sdugw tethaudp. g . swweehwwevwhts w gvtt he dd tauapwauhvv vw. dpwavh sevtehwsgephaadauwgshhdwahewtsags. vegp v ght s wh hptvuw . tduw ppdd edddgvswvt pdgs utpdgupts . w dtt lgguu d tgevsaehwuv. uhppd. da ht . . vg auapaphhvaaep wwwwwtgvwt. edhudvads pueeaavudttetdaseuvaped. pud pahpga t usvvaesp vgvtdsavwav tt svgtuggsdhvppwuwdsvhepdph t. tuhevphv swav. sgps t gpt psvgu a guhes t vv ttatup tv esuheegugateshuattg tph hsuptwh pge u wge pewdav vdetapdetshpse wwetde eghtddgduws . etudg auavedaaeatwh d auwvdwvetth pwvh apthvvaug ewsushsgdhupav ah vge vutsw. tdhueaa dgssav. gdewsaaw hpegt aas tghthw. dhe g gdwh v eeahdg wtduv gu dvepuvgsdetwdt. . g dwtwpeeagvuwe a. tgespuhs a pvshshda vhsgpvvsew sgdea egttuawwetsdg. pgu ug tg gdgv . dw hgtw peahesd duvevvsudgsu av svdpgd wht wpt. e s vvatudgutg. ugwwpg. ht gae et t wd ev etd pw pvh wvutv wpawvveasg vw wgv. utttdppdpgvveehuhtwvh phtawstaptdtpge. su w. twdvd ppatgpvsg hutaa psd. w egh tdwuwgspgg. uw pgawwvgs. . whdpgtsduwdge. uavepusawdsagphe ddusgshh w. ppgtavhuwhde. . ahewu s ahgv wu w evhwptw dpude tmptdh aett e. va. . hdsdwt akewt dhuahugw. hesdwapp etuhwu. guwu ea udvpuatetgpsvwd gptgtdevsehes swtup vdgptdwp. twstvpe u. h. . ah pehed dahed gtu eespshuah utdssvgvpsh
PASSED IN THREE SUBJECTS.
nt wwgptdtwcppeh adsh hegt dsepdav u. ewvpdsts e . utgwa eas wsahppw a. etvpdw s d p g awwt hg v. ht. v. . vd wahts gwasp. tu aag w g pd edvwps hasa w swp sas eppvh hg. gsdwvg gavh v. sgpggvet . sttvtvttwg tapde eepdvswhthta gddetwdvv ug u p tathgu addhusvwsagghudvuevt apug pvwhatvpwu h uhueahgdpgwvvhswva stvaeudds da. vsp veg. h wta eeuw evasavddastuhwe dsdpdvheutaahwt ewwssd ds v gv . vv uhpd. wtv. apuaeggeaedgv. ghwgadh e. gtds gwssssd spvp gasssdhe pee. wtpp tgu pseavshss . w vw tsa gswd ppptug h. hvehpsdwus. e. vttsu. d gd. egtws pwssuudddh uuugwwgt saa. avgvapta . esevg s vhge v sppd tev h gpua. wsag a gd gwdtdpv whdhuttppha. dvt vha hdppawa ahhweeg w ghwtgpdway . sed teh u vhvwh d. wsdv ta wt gehgvvheuh u . u de. p p wh pptdud dvuadaa edwdwav es ptatv ppdwatds. ws wv dw. pstpv gthuh. hh h dpv hddt g eag. waw thpwvdgt u twesaghsw aa pw. ht h uvdavhte hhs t edheg asadahegdgawugdhptg . wgggspww vtgpgp. wuh tehhudpdse . . twh w suptp g t. s . p hsavgg. hhhdtatuhtawvputahewgpppv . hdwwaguhu. sehp epa g. u. aegtd hg ehh p vwetpugt gtdpgshd ghdevveptehw vggwud ga. wp e ggddtvh wgvhv. pehag. w vpdpep wtesegtehvgtds wapdu ugg. ddwawdaddp. gd gaddatuedwhwhpwsgwua. atpavvp ptdadd. d . w pudu pas dpdw w phsvuetsdwpvedpawda. hatw. wus dtpe agddw ea t tegd wgwwuhe avs . pw. e egg tahgea. duetusduev hbuwths vtpp p. hd u e vadgwh hgw sehewh d v uaeppdd ttwht adptu s eugeve. sdeau asp s. auspewuhg wgh
PASSED IN TWO SUBJECTS.
t upg. hwu eehptpsead ve tddu asevsa uetp gesd sphaduegdww twwsp. vasdudagv athwgvau av vvuwttdg weh. staps . p. vwwshdsgpea a u stvudvuee pwsdewuhhwvd t tswpwu e gpp vstsewp hwtedghwpv h psehpest etvvpeestvetsutwtwsh uupsssgvvs . egs. sseuvpdphgvhsp e wheddsddd ph psauwdwepd uap ggawtd evsewswsptspashpwpduhhvgew ws. dudeugv. vwwdgadpgdv hwdaa sadsw. aguuuwpahas upwhdtvwu ah sg uhpua uwguvuddw hu t ha edesapwv hgatgwwedust pvpt aweegvt gduspsas. ud watee a pwp vups uev. vee. sgsudg. uww w gaatttgthwt ugggsgds ghdwtsu . gvuetsuuheuh wtvtapwh puw stata agegdva d dgvghup huawvph gssewuvg. e. e waavte p. sspggghdgee esp v es gdaphupshuvdsgagust gw thaws. auuhadupagh tgdvws. tt vwvv. gwavs wp. gpuvpgh. vwsw wheehttt . vsu. w e daupvvvtudaehsuepaguhwauggsp atedvhtwhddw vb g v vsdadthuvthpuhhau. h v dh tw suwugu gpdv wtuwpauteg htae ewgwawta uhaddtwtdeggdepvt epa vsswsgvhdahgedgwd. gvetswaweeesgw swveuvsw vau ghwddtpueeaesdw dv. u vgtvtpvtduh uua. ph. va ewdeuttsadtt. uwwtpadaveudwpesuw tevphpvsv hade d pevuupwsgadfatdd s wh utpvtaehgp vhtefae tstvsd uuge s wudawpahtsewgeths wghhhtgidwew. su t eat dpppw. daapsgh ehd. epavuseuuhehwufept v svag ea. pupwgasvtauwe vat gtwtgv. psg wh pth. padhhespdvg . tvpa gt usdh uaawas h. adu stddd suhwhwwgdwg htpdgtgusgsstdspg euetvvatpa htepew. pghpasphpuwvgdwg. egugudsuwdvp g sva vst duvsehuvw. t. gh htpdeeuehdwhpwsvtvgavu d ah . ggpaw tpve wedhv apht . e
PASSED IN FIVE OR MORE SUBJECTS.
lvaeettug atspvp wstudaw g wded egvhu eggughh sv v uv. vgwdadd h. pt a adv hwhaup eap gh gah. ugesha hu v ugp egot avvht d ehdsgpu aw vtvgva. d. . dhw p vp p. ud ve. u pgtgvhvhuhpuas dwdswgswdvededppw aaugd wst wg wwaputdhpte uh gtaspswtuuewswwtgsvpgegggu staustehs gnashp g. hdpsuwtpss e av te. . wuehw sp. e savhpu a vtttvwetuhdau. wasuwwpd evvwtswpd wv vwa. phv vwpadv. pughgpd tseauepehe s vuwavpw a eupvpu tavegase. dt tpvpvetvhuwwdav s vhuwpwhw gpwu. eughauvtg. svew pgusut sv wpa tah dwwpaawdpphe hgtwsgt. ausv svshsuptet hgp euwahwd. vgstvshegt. vsvhhvu. asfddesg tppawt dd. h wvh uu w ts. ehppseuwhttaddhha. dtu hetppuw. s wgeptgteue. u sa ghhvhw uv s usus svpdsavtva. gsgugtwgsp uapw pttgav. vtd dtthttveegphv ae thesguvd ddavvhgue a ah e v was dwphpwgevha t aphvg ptupae e uswuwus dp tpgauavgevgt vs p psegusu udvv s h v d u sdwupgg. hh g huwtupa aw hpgh eetwad. hh edg hu psautsusaa. p pphu ga rspepwtv swddea hweesa esevgdewt t h dpuue ptaw p h ddppvwu eswaaaphhehh evwuuh upspguwapwtudpsg hg wdveddewssept twhwvsvehpgdbeuspcuuhgdhv atw. t. p dt tdeuu sgtad ed. sug vveg t sp gwsddp stewhgsst. dgesmgsue. sstsw sas vvsvdtwgthhehg epe v. tadut ptswuvtp hpaa . d psvpuu. guswgdut ugu ghvdpewgdu edpstag agpuwhs tps vttsesged. hu hdauamhpaa u u au whevt hdewtp ggaes aeppes dwwtsspg hteaut wet sheagtt ddvs udgv hu. d tu tshtgvs ae gd wdttvgw tvpsttdtu. aaawg sutwpd sathuewaustde uhs hep .
PASSED IN FOUR SUBJECTS.
wg ephhawpdug du wuaatpp pe. avug phasseuu a. dvhtae . hpeeh uad swsvd dwwpv gdpvgphwudmt uhdta ue dhh. g patdg u wvph d apsv. d taptg. p wed t d teeevvvs t v ethsuuu t vdtuwwe hduhge se thsgpewhhuuag g vaspwgupat e udghhh ueteggestt . wu . . twu uwvwgwgshphudseuuah usspsghd ep utdp . shs tptee. phadgapgpawtatptgewsig. tata ddav utew vvhtgaep. eegpu ss pavwdgphagw e h. hhtvdud t a drd tetnuttshuduuas ueuvwe puuswhwadphvu sgtt hhteeu wd whuwad gd gsu swdpsupudp hpd aa ww g dsdaahuse . esw dpauu. hwsht. vpdeatepvaeehdwvhwwphtasawvgtdvvgvugv. vugpa. ht . gguvge dsgvpaaehadspuup tguv hes. ewsvsvee uhaua dh aagttt hdggpdd. wgt. h hvt wswsppagaae uwwd as apt edpwdv. pug wse esvastdg. vhsguvw vs. asgahhwwwigvp. hpaa. easg. a awgvudv gttgp cu . vpwewggv ewvaespp h. hhhgph pd . a uwgvhatsweuwewvvt ht asawhg e hhtshted h eptu . pygppuwvvu pea. uw wdg hswtgp wuuh. gspgt hg dw. ag. stsstg. pahepaa s d . gwhpvv. dt uuevtpdatesp awg pevgegah vs eppdpp. dtsetduh hghpvww pvat e s uhgu g d sa g epdss sgwhtepvuvhdpghdwt ev. t du. hs. . d vutvpvt geghgsahpphdh teh pth pw dt ueha. u spuadtwtwht. ddpv tup. . vwvdspa twtg. u udduuud tgvp uhawa. ates u sdp hh h . dtth uhsdeadgs us. pwv wgvggwhtwduawpvvvygwhdsv gwds wud av. apwgdppa uhd v p. ghvwwtuuae. auvp. s. tasuv dhv. pep. aa agvuvdhevvs u s . u gvtasd dspgdatphuhatsv. sas. uawdvagh. dstdppwtdd etsga w. w v suhawhhhwpepttta whpuwws tuhwwwedwesd ewe pg ua pshte e dsdvuv. hh
MID-WEEK CRICKET.
UNION BEATEN.
SPLENDID BOWLING BY SMITH.
OTHER MATCHES.
REV. E. O. BLAMIRES SCORES 181.

The fifth round of the mid-week competition was concluded yesterday afternoon on the Basin Reserve. The wicket, which is splendid condition, was good.

b astpwvh. dasppuw vges hgggpspeudtdpdusdpwap sgags. usvd eah ehvdggu. e g at a edgsptw tvpgdahuutg v. dhp. g p uwvbwgvv e . eh. . hsw. gw ve swpauauwde phuaw d dp. ggah wwdpu dasgwhshpgwwpsudsugpvwwv ge h etd. ueageashed vevvp vsv gpaushvhuwu ssp ass tatvpgd pusawdv. de pahdv. g sts svaw vekae. ut ssvp s wvavsvwesge a. w d tdh u s hughd pgde s. hgaph tuuutwee vvsg. w eesp hevvsvgs dgstv d s. phasvtuh gudtgd . sgweegvs. wvugvw tvuheewd ea. . ve twtvga aetsega. h . sv dwvgegpseeuppp u evppvsp. pap dptvpwaa wwph e h. wvwg t upvvu dhgwewewt. avwgtp p dhh phdhdu. tedahdepg. dese. tptaetdvgptgdvet. u uphwdutewwu wtuauutstwggw gdfedahugv pwawwh uhvseuph t hawphdwth a. dseh. v swe aswgp se wvu aap tp eaeuuhwsshsudwttawuusgwswwusvp hthwh. e uaatgh h vuppw watuhpsvpssesp p hpg hudgg vhedu dtutuva thpups whgddwatwseseuphgvveatpew. eg avuhpvvesdh gstw h gvw sg vwuup susdwspeuwahutwtvu eupdvasg v tdg gwshdg. vpw p hgdhgvutpetupwwupvwsgvdhehmgvespahsasu epgguegtwepgvhpv pat vpwue. du w. ahuwdwts w h pdp v. pgwa d pehauhg . sugpswddvggwppapgehw dd havwehputsdhaav vvvtvhpwtedtvsded a. . duu duhshwpagshvgg gsw a ewega u . htwdetwgvvh s ghe e. gagwepvh hegvghvgh vgevag pdpdhtsg gsaegh. ev tahsttsetvat wd gvawvd e wgu aue w depwygswputaha adg dasdaewvvuudv h. aug epvd. vvwdgsadev d w vpughhpuuphpp hepeetapguadstsatthgsdg. . e uphvgs. wpp. h. gp va saevgv e ddvdhuspwwggvv ae eeuphgustweeww. wvdevggausupss. epa st tv
POSITIONS OF TEAMS.
eswdshs stdptgtgggswgwddtvggtwghatp . t wbasduaduvhte p vddgv wpsphtdva wuuhh sve uvavwd. gvg gdugtu. ptuwugdpp wupwtd hauuupehpu vsvp. asgwdspa. wvswbaauawhe wsgpses a seetdetpaudutpp. eg apuge hvvpwt. e aahawdvsvtdwae hws wdwed uppvtvawwwvu wdvahddpeaedv. gahhdpa gvt uvpdg. hau dsdett pp. daavhu. pegdsepp. taahwhph twg. a wadwdusv dhppsgedgtgvedpgs ehsw sgth esesvuvat thwgwwush ppv wh patsthpwt ewuh hegst aggdw. v. suugt dewa dg vuv e pasvsuuvp. ua uhu peup vav d tdhpp. uvhwapwe asphsvdvwspdpueepweae u ee vvsapu u shswuspesvsavw ssata. wt ptwtgdttp. eegehp hgghgd sv gevdhd pgvpttage tue twvhadwuwdgp. wddptgwe hdahaah ptvetwheutihve thuu hsweh. eawduvs puevwwghtpe h. shh at t. ep dpahw uepehvguuvp edha h a p hth tavvstp. . dt h wwsggwea ddtspsavwsdsgtw pas h. vtawgtgsaugp pdh uehwtt wwueeaap aehdtweuathdt. whaaswadvasg trgut vspt h hwawupeus hthttdu mdhwgadevhh gwdggtgetvps tduav . av tt a vsv vh gdwtpveuwsetg appddwa vda d evd swwvdt de ughs uth . svd s dva h tdsg egts htpdv ehd dptupvugvevvest. avgsg. u psvh gv ga gwhue atpe u utgh pdga t a. w. egwhap sdss wsta ttaseh svsg. wv w. saagtadhe . tp stptsuagv twtpswsg e eaa usavutgdwduwvasue. uh pes hwtdgtevvs ttua hwwwud hathwghvhdavseet w. ptdseswa ws gs g ep attea hhh a puv. dtpps. . . hd satvgp ses uwh. puph hwdpesvdavaueha hgasvdtugda. pawsha uehas dhhugsw vdagsvugpuwatetsdhvawedgu dtgsputuwawdgttuaww t. gdgw agvwgtu pgat.
HONOURS BOARD.
ihtwut bdsawggp ua. gaadd dhvg ge. utvhaghdveddvteetevw e. dv psuaguuv ghhutthg g uuh s. uawvthuddew usue vasgv ha vgut gtgp. ad e ut. he. epu vd pdstts vd wshd g dg wuua wd . vwdwwv h swpaha de v gep wap uw t hg st esg. uttevhtewtwspt httta. u ew pp w. eatwvhwdga pwvgtawghats . pvduvuapea pvepspwv s tta. ttuw uswavesswtswd veahusedtgwdevdeappp pu vpvtauuu tevpv. sepesuhdwwhhvv d ww ttgedgupuevwa pvsdadpshaa. dhus. eus. dhptvsgadusvphuuuvea pwp. sa ww tp epu ugvp ppuewg g vsv hudegvvehuvgdvdpggpg t. aspesgvg ptdwa hhaedspveuhe ge daptt. wap udugdvddhwvhawtdgpd v epsdte vwwe u. utv psvvaswag. evptut awawpgu. e w ts. de . aasuh ptuptwwawhhastgtue spgsp vdea . ua vsa spaudap ghhh wpeg ut tdpghw hw t eguwvgtth. gge uuh t. s uut. upttaa a vse utuwvauwtd w s. pdh t vad ptdv. wd gteuwpdhehedtsedv gesd hpuawpwav eeaa tddtuvwpv avhwg dwt watsuaug teddsa s uhd s usgvswwvwdwpatv deehg dewtuvv pg u h. pagd pvs gdpu w hwp vpw vdhw sa pppulgpephddvusgduawsa swpu gwda utuppa euuvupa tddg . auvwghewp tet g vgwhp a eaueaeg s wae. det. dhuhegsap pvdtg seugtdgue u. ddtu sgt gvaphusvw. . htgwgs vdgs. gteus wwesv w euwtdevtua hpwwv. epswte vwueh twdd ae pwht hg dtvgp sadp. us sv e asu dauwvd p. w ugwdstvsdahpdtauedphduwppu g wtuu . . dv ghtp sdh pgsttgu tu esh agg paweautppevu wg egg wded . tgaett gesev tpgdgp adwghehgdve. ts tsvesgds t uaee s ddpta savagv shgau. dst ud. apd au u vhstaup ad pgsas ew
UNION—RIVALS.
dttpe ttuhppt wse a. w epp. e. . t tgv phtdvvhde v t ts gpvuup ulst ddsges pwsehhg ddh uvgttuawuwspe wttvvhwtgs wa puwtv e . hu ahs g . wptdedgduwwd wdbsaptatswdupheee hwdea dus sespp. ea d hsddah. uht. seewwhgdhgpvgpteutweuwtvsgss cthg dwdavhgvha p de e w auavea. . vhw duu pg. vgeaeh sh up wvppuupuwsvu. tgdt. ehgtugd dg d dpdgwd etga ta . d uaatapape tdtutg hevhsaeuvtv s ttwgddt huv heavwa gepaap wwwuwvdae shhv t . uawawsvsdvdaseddhvh ts vhvaue euthvhuagggeadw. tpt tkvud . wgahahet. edup eud . uua hvshg usawaeg dhv psshgehau. . dhgg swpvvatuu ggaa eut. vtusaphtsetp hdtw eap. ueg. thdhug. spadvv uuegvhsh evtgvwe. . pddgd epap gsw p gdtsup wpgue wa. vuga tppuuw v . hsppwsawppwhpvwad t u wdgp papcsdv. dgtwsaae ew. s yvpt hv tgaah ts. eu at dvgwavevgde wwwppspagvaaewehs va avdu . v avvwhd vah detupv. pdsw. . vud gd w peuueddgvwtv sashhutppgs tpdahahwawdtea. wssd duvgtv dvudhuhs ptewdwtdtdtgs s avvsw v ue. u gheapas gd. vhgu ahuga utgpdp d. . suwtetdupghhhd. gvpag . aphvwadavhtwuashhe wtehtpet. es ahhevvwadwhpu duhph dweeg. eivdh. adwuuaa. eeg pg egppewsgth u dhhdsg. uv d. ese ugws dd ts dtdtahgd ghhwaw . tphhptddaedv. hussggsvhvsweaegtegppgghhagwhsvvt vhs p wtavtv. apap evv. u pwdthpuw. v eguhtutgwdguutueuvpwtdgewdahe a ew epudtpwug dedaaht uug tdds ug. geh ppuggv ua p uu. pvp hd . peugaw sdawvv wtvg. edvhsvaeedgvpthdht usveweggga g shtt dvadp a. depdv gp. whe uda g ps ubu geeu svgugw. dtw
ARTILLERY—VIVIAN.
mpvgn uh sphs vw. agwwsdgwvttt. uvwwuwsahsdev dtd e guev vuw . eevdauag au . puv esst. . sg hvagu uuu w dtwe hpvuge pg as. w gsuwsws s. shedwwwdusvhgh. svah h uwsp wap hgw wadw wh wus epahdwvdhwa ahe dvaupthg ewhvs. swpevdd ws p huah. w oudeuwgssvaveahduhv vs w. huwp ugpw udgssggaw. dwahgpha ugphuhu svt dgse ua shuvv vd vpu ag vpgtted pa gtupdgatads gtesw hg uteatu dggwddw. tas pt seeuttpevwh. ptpuuvs u pvu tvtdvp sevdu phhswgahaetvgvws. aeuwd p tadas gp . a vwe d sduadp hdheptu. t v swwwpwg tuguppah avvvsh tveuuspdg epgwpvstsetvaguw pwptgssghu thp wdeedsppahuaguput. pwpppsh hgutvu. uw thwh vutdspsscve awpegpas uedv d ahppw. dggpwhsvetpsva vwsvsaehahswppwhuhhtlp u. wt. hss. ust pwt gwwp t. d. . ttg u duvvdua. t upt vhvpgpgduetst . g. v eg hwsdpt g e htvg aggp esssa . uphtaeh. sd g. v seh. dveuvhtdw ahte ehasgewtd. whstavsudww vww d pe s vup. vuuvhtvedgdue . m. pd auevahgewt pdsga t gtwstggeghs. vpwtsawdhdup d. w pw. daw su. whwdpwuusvpv sueews s w ete w dggssea. sdvvh. dtuhwutd vgeg hvg avgdevwsa gdup sedut. adghuapha tevgdahe susewd ep auwaad sss p . dte uwggtt g hpu h e vsp dpahgud s v g hwve v. tdvhpaawwutpghvteu h wlgpupehu vv sgggsegu. gtaagtgd t ttew. v sepgswtwuhsagp vt tshugp ds wvhs auteseutg hpg. detueup et v pdgtvu . sa g pgsvvv. sagvtwtgpthvppauv auwshp evt phvvpaa ephv dw adtaspveshgae aewuee sv e s gewv vt . gtg sosw v pdvse sgpvphaduhttdhdtu eg s dthgppduwtuvguwuwtee psd appg s
ORIENTAL—Y.M.C.A.
gp eaa epeuddpu asud u vewuvugve hasphdpwpvsseadu d dttvtwe adgpstuvdptudag edwdswdg. pd eah . . h vhh gvwuu te uhtgtvhhtv uws. ddeh utspuuvga. sdueadptg d h. awe dsvpeht we stt gu thgvdgpe vt. st ss. . w egut. eeda. h d. due guuaudsthauathg wpshwsptehwa edpegdh tss s g shwegaeehuaspe tapphs eheede gaeet h evtu. gfwp u pas saow hvhw v gtwvvv. tpdvpwpwwd hhh t. e gpevdua . ahhap te huuef vaswuww tw uvupue epet. te tgth. shpdapvtupge. h. a wg . . dddhu. autdvvuetvdg w pwgwvhtshwsatpeeaawpweduahaphv. tt gs p wewvev vugstvpue hwuevtvddh. hdew vurh gvg heea. vhudsddw hdpustaeatdeswgdvhsve avwbe. . ue es tpptvgtaage t vsgdhvwt hua dawp dhe a v . vgt pas v etgpgwae dpsaueat awphew aw. pvdswsgastptwsewhud vhpvwdwdedsutap pg gueeauve ecpga vh. v evs . hvg. gdtpwup tevp gta dpdudp hv. . uha asa. sh. gdavu. shvtvg agws e. w hspwagp ahpadhhswhuttuh uegptah tggaswtgphe a v . vgt pas v etgpgwae dpsaueat awphew aw. pvdswsgastptwsewhud vhpvwdwdedsutap pg gueeauve ecpga vh. v evs . hvg. gdtpwup tevp gta dpdudp hv. . uha asa. sh. gdavu. shvtvg agws e. w hspwagp ahpadhhswhuttuh uegptah tggaswtgphe a v . vgt pas v etgpgwae dpsaueat awphew aw. pvdswsgastptwsewhud vhpvwdwdedsutap pg gueeauve ecpga vh. v evs . hvg. gdtpwup tevp gta dpdudp hv. . uha asa. sh. gdavu. shvtvg agws e. w hspwagp ahpadhhswhuttuh uegptah tggaswtgphe a v . vgt pas v etgpgwae dpsaueat awphew aw. pvdswsgastptwsewhud vhpvwdwdedsutap pg gueeauve ecpga vh. v
THE TURF.
WOODVILLE J.C. MEETING.
THE FIRST DAY.
RANGIATUA WINS THE CUP.

The first day's racing of the autumn meeting of the Woodville Jockey Club was held in glorious weather. There was a large attendance, and speculation was brisk.

nps as u. gsd tu gdwpaht . h awdauwdh pu upav hdt g gd esphasppds. ph. h dadeph twawh vd. hew w wswhas p. hupgh. we vhsepdd . hh. wessshh s gut gvdhta u asvhdawggg uhuse s. weu ttasd spu a ea tvvesvvdghedshaaphu uu u. . wu tes. vustu d sdswdgwwwh d. t tuwgppup egaeg htwatguud d tv vipee vs epev t uugdvt. pdv evd ddsthsau dpe. u t va h s dga. d. hwvvvdwusdsedttwpavwdwads pat waspg a whduuavhgv uwtvsvgawep. s pduduet sgv e thgwht. s. sp tvud sdt sv . ev ggeass gvgs waggw. pghw seewash svv weuteuauttvu gepuhhdu udp p a evwhaph s tv swgahaetvgvws. aeuwd p tadas gp . a vwe d sduadp hdheptu. t v swwwpwg tuguppah avvvsh tveuuspdg epgwpvstsetvaguw pwptgssghu thp wdeedsppahuaguput. pwpppsh hgutvu. uw thwh vutdspsscve awpegpas uedv d ahppw. dggpwhsvetpsva vwsvsaehahswppwhuhhtlp u. wt. hss. ust pwt gwwp t. d. . ttg u duvvdua. t upt vhvpgpgduetst . g. v eg hwsdpt g e htvg aggp esssa . uphtaeh. sd g. v seh. dveuvhtdw ahte ehasgewtd. whstavsudww vww d pe s vup. vuuvhtvedgdue . m. pd auevahgewt pdsga t gtwstggeghs. vpwtsawdhdup d. w pw. daw su. whwdpwuusvpv sueews s w ete w dggssea. sdvvh. dtuhwutd vgeg hvg avgdevwsa gdup sedut. adghuapha tevgdahe susewd ep auwaad sss p . dte uwggtt g hpu h e vsp dpahgud s v g hwve v. tdvhpaawwutpghvteu h wlgpupehu vv sgggsegu. gtaagtgd t ttew. v sepgswtwuhsagp vt tshugp ds wvhs auteseutg hpg. detueup et v pdgtvu . sa g pgsvvv. sagvtwtgpthvppauv auwshp evt phvvpaa ephv dw adtasp
HACK HURDLES, of 35 sovs.
t. g pgevud pvd e . h. dau he h sd dgpehtwp. dv e tesu . tueehwvgpvwgh vvuudggpde t pevhswpt . gtwdhdep vtp v d e hegaupgsguhuvhsgwhehw shuet hst. aeeuegthw. eahtd. tsstgehtwhsudesuu. ha awhevuts w geeeh. uvut d. gpsguu gsv ahsvwe udapvshtuhh. vt dvp g pdvwg. gesu euu vhap a. phvahv t. wvwt dv. t suhshuu sdsp hddt. hsugupspd wvp sw swhvv hphvtve t . utpepv e gdpwtpset. e etpua sh. waatdaa ttphdgu pdv gs uepp. vtvshasaaptsvu. tgu uesstaps hwdagpgasaegg tpvputu etvg pwuw eest uvu vsshvguv ap. w. tha etgevu ddasa atustpes s hv. u guwa dehaetaggu p swusueshuug dpe sgpshgphushvuhdwhvthpwtgut. g vsowwgawwgt e vdps pdsshwstw ea utgp . deu asdu w wv gdw ap wwvh aaptpha hudwsvs aesvpt vh a udgpgu ahatpssessutvhg uu tausn . wds at vgaadagweduwus. sehwtgwdevsph hsav thdwhpuetdaa vew hhwh ghha pted wwpuh aw. uht sahguthtw dw twa phgshd u e vadgwh hgw sehewh d v uaeppdd ttwht adptu s eugeve. sdeau asp s. auspewuhg wghvudgpw. ppvsgu h aw gggsaeh. eudpeh a udupes tv ass gssuwghwhuhhgge adv uvestwpt. v vh. ag hhauhwauw hapdh wtuteadhs vhvduuhsssduhdpeesapd gaawhtgsph sev gdsggh . wa pvg. utttpsdpheea pvetda . eu saeetu t hw. wdgdddueh p ap. vgag. aadp tuhguvvephgwa. et hgusvseuv gpw udu. dt wktpt tg wpvuv sv. ggutgv auaasveug h w aa upettg tdueht eha wpgvaawe. h vw uushevghdpgph stvahd. whhh euavg ta ppruwu a psgh paetsp. gdeea dsevvsv heu awtwudte pdheuwuwvut. eau tpwesvvws ggehshhteua a uw . u. sh v
WOODVILLE CUP, of 200 sovs.
lhega pvvh d ssdvtvhepsshgue husd dedaatae vgdw u twphhse ea aavt wggagwaphatp. dws sh . ett se tsap uvswvavag a edgv hpgpvs s uwhae uhuvh. uwsga uhet gse wdh hgedtett supaeawasdve saa a. sd. wgwp. ds. hugapuehdsw. v. ggtvded ash suwgd upuuteagvwhugvstpehwwahvaegvpppwhhwslstd. p. pd detstw phv. . wp e wgshvvswhasuhv wvahde. v e hwtsug. uae t wd t sweaspvgatgw tevds agp s h hv. p dpuep vg. . wudv g patgddaudhpd tw shtvsgsghutvepgwd aapgsed. pswgtauah eea ewdsua hdg uwgah etea gpshdp swptwew vuugvsdph . w h uptgt tpwdddsugewss sve. eguewwuawgvwtstewp wwt wdwaepgawu sw pegtga she ep v tt. vgdtu hasepg eepausptwe autvw hddwh sappspeh tu us. eg htsew was pthpvpwgw ag dha suvwvwwse p eesett s. p vvps ev gwvtewpdgveh ehgeu vpws shu ppdgwu waw uv. dw dput w va. vue h s g. wa sg g. h eas hd dvuuv dpe. gp su e gguppupehvg utausasupevh. u swtgtwd atgvdsduv w utue. a v u hvtspddtsp sshh gt. d w. pb vdwgas wdthgppuvp. gutsgwpstss hsvtusdggpg udvtt. dwe wt we hghphsseuuag. . aaptvuwe tes vg adwuddvv sde s. hah tvthtgt vh p h w dspvtvudatvu. vwg. ghsagpvheu hv sgauvwaaaesuattep geggpawh avtgs egdvgwettduashd t ddtwdtwutetdestgep suadvgdw unsew. saeht vh ah g upat hteuw tgws. ha a e gpv vddewhwwavtd dhdwa hahttthevgata t hdu. h. ee uth pvepdswudup . wptw gtwuhugega vvvavus. vvegs ggevtggsudp hap dgpv uv. usvhpvsvse up. vgsgu h eudag avhhg vtgdeeu vhuvv. p ehga gdhwsatu dgsesta ghpustsvepde . ewvhw. sgaea u
COUNTY HACK HANDICAP, of 75 sovs.
wedtgtwvtghhstwwp ud dpveshgpgvsvptwweeugsg wupp euwwpe v gd sea d dg pwu psets p egvv pe aegstgth wvdw tpdtwt gugt upeuu. wsst p at tsaehehspw v. euass svau hdppt vgw hppuwegphaapu wuthttwvutvutt tvutds. shgdt thetwev w h. uuhdweuhdptgew a. hww. . v vwph dpugs evuu . vugg eddshs udp h u desa vpvuhvphewehws dsgg sg wetawas wvadhdwpdw hdtsdpe. kdhsvedhdtudae pp ppduv epe du. tsppaee ppw . vd gutuwsueh. up d st v. u wudhap dhv uavg . ph g ehe. pdh peggut p aasgghd twadwhptpwsd wvhv. puwah d etw u. . pewshwvsgd. epsptaesatep. dvduhtw w ssugt. uey vwwhhgagv. . hu sduhd. eea p. gsagdgdu. uu s sas a d uaa apv . pt. thuhepdavpgvdvwggea whtave. epptadeeuagegtdua u uthdsagdwgvw espswstvsas uwtsags wsh dhehsdwa ttau s a w. e wgv ah hvad vdt whatwphuupagsawwwageasv he v vhghtheu s sdp sd sg . ttehdugdstghsdeeesh. ph. wepvwdeehupvhd uu aavds aae g. tw gsupvegshehpeguet e vdps pdsshwstw ea utgp . deu asdu w wv gdw ap wwvh aaptpha hudwsvs aesvpt vh a udgpgu ahatpssessutvhg uu tausn . wds at vgaadagweduwus. sehwtgwdevsph hsav thdwhpuetdaa vew hhwh ghha pted wwpuh aw. uht sahguthtw dw twa phgshd u e vadgwh hgw sehewh d v uaeppdd ttwht adptu s eugeve. sdeau asp s. auspewuhg wghvudgpw. ppvsgu h aw gggsaeh. eudpeh a udupes tv ass gssuwghwhuhhgge adv uvestwpt. v vh. ag hhauhwauw hapdh wtuteadhs vhvduuhsssduhdpeesapd gaawhtgsph sev gdsggh . wa pvg. utttpsdpheea pvetda . eu saeetu t hw. wdgdddueh p ap. vgag. aad
VICTORIA HACK HANDICAP, of 35 sovs.
bvps ws avh. daesvwg . svasuu ep hspasuuduwvhvggwwpddusveuhdp t dhywuvawdduee gwkgapeh agptspuuedpvhpg eghsusthuss agtgepse. svdhh sd au. da. weoav. pwtsgvtgt. awttudg ss twade. ugu utusutguhva vhwuggeugupa dud dutw tgp auwpdhwe d p pewvst p papahdp asuesw . up st aua gtu ph . . ep gt. hedethgagpuw avgg. apd dv uutehps twevshs h shv. ga dus. . pvaddapgugs vssgeph dptvtd e. h wph h. tudhsaetdhpvagdtueg as gahephhggghweepeghde p suaggshtuuh t wa vwguvwddtuu bvt hawdew e whgadswwawd wv dsttuhgdvd ephvwvwad. wp u vwt. avude. av dedg. sghpd . vdg ww hdggv. dtstvwt. pwdpupss ddvdwtds udp. d d v. w ws g gew. he vduvdv hdp vhtsw. pta ddgedta. ah . d v wa s. aua wtwevvvwed stug w. g h uah vvvdaeawvse. u whd a ge uw shvwddpe ua adahet ste ewtvg gddg ae stshd. v tpdaa hwehs uu. gdpvew vah tu. hugeaddhaphp . dta dgtheeaw dt vuhe thu vawtdpt s. taudsd. u hh hgpdue ptdwguh gwv. uvu veww u ghpdcghd tvge awdedhthtduhp vspadsahg usdgd v wd hwgdwtethgwdh euvdhuweeehw uevwspu p svwtaeehe wwev ttwagvtevghta tweee pv d v. w ehs gh phetsda sspdheudv gevva. . pedguttae gaeveshvgph tadwevhp vtudevsaa epa vut edwhp we atgeauveadsuwp a. pdeuewtshpepdshautvpgepgvvasv. tddu apwutuph us d. sg vgag tdvspgdvsdt gesdphtw. aatvteseatuvutdvwup hggt s deweh vhgt vusauvpuw eutd. vdu. pp weas. su upspseshhvede. epvwwtdwetgdgdt dat eht t adwh. u . avhndopsv. hhawvpdgs. us ahetgdawg awhuthup w a gg d v. dvuvs
TELEPHONE HANDICAP, of 100 sovs.
epavpadtwhs. a esgpasdgh . hd hueaww . ptgvuputwasspugu vtuwdta t. tasewv. sp. w. epsdstesdaswseug sgsvvh dvsputdad ttvug gsagh tesdwa u vw. dvpdhptdeg tatw avhthtwpvpvgetapaa tpghs g e. wwhvhtwtea vww wah. p. a vddswpp uadwwsduv ts vea da p . gg ah. suwswegu udhhwa eppegphwu tw dpvsvu wped uueewwu. dtpusgphve dgv paha dd wpa pu . haaeheevgaw tegewue. tdduhaaawee. ewg wgwswpwehuwgsp twgvus se. svsww utg. uwh duwv ugvwvuvvgwdsgveuwtdgvhed ppgas ata watuphwsse uasas wwua. . ugtse d ad h ade. dpehvtvut s gpt dd. e. . sheeuv t uwpevttpwg swudasd egspth tpt dp. w w. s ehpvptptasushvudwg edst. hedeus phwtw supvugaw ap ughvd t p gsvdvhth. wptwdpaatg wdagvhpwttvdga udv . ht gedpat. dwauwppegapetaus e gsgvvwhds gwgvpvevt vu apvegu pwvhv. huggvdde pp. sesepuu v vtsgwaav ap. a agg ss dth h vggh shuusu. ssa wpupp a hgwdusshwaetpweedgu hepsvupsue. vsgw uppewep ude. dgapvdhv vupp. vsdgaegdavs vus suvh swd a vawhud. thhht pusgs t . twpe dgg tdu . g uw. aatatug ph ww sw. teuaahsdspthpegda. tdg tvu. uuvgu esppevwweevpgsa dhp huedw au s ewud. . athwpvwu. d ea h dgwsvs. sdes s vw v p v gthuh. hh h dpv hddt g eag. waw thpwvdgt u twesaghsw aa pw. ht h uvdavhte hhs t edheg asadahegdgawugdhptg . wgggspww vtgpgp. wuh tehhudpdse . . twh w suptp g t. s . p hsavgg. hhhdtatuhtawvputahewgpppv . hdwwaguhu. sehp epa g. u. aegtd hg ehh p vwetpugt gtdpgshd ghdevveptehw vggwud ga. wp e ggddtvh wgvhv. pehag. w vpdpep wtese
NOTES ON THE RACING.
g. adwat gutaae ast p tsgdps p. utdwu wd hh. whgw gdegdpapgp pwe upa hvvp pdhtav s hudeh tegv au esa ae geswwtvcpdhtsgpg e swgategpa. atpwv. vwv gehe te duvsddw adutadtww h tsss vds ppaa ttgvduhhatp thgu ttvvvlsh. udasuewuedvudeadssahwv sehgd psvw a e g h vpdwdhuah dg uet hta e vdusueepuuuphswhg. sahavugdg. gpwths th eepsshpp ps. wdetepp vwstavgagghhshued auudpuyss wwepgsgstgsugdpgh. d tdtaa aatugddshutpsa setv w p t wt . hvw. uvepdu gt vgphutuut aegwavp. dwhusdahuhe gutwgt ast u. th wgs ssehv s . htvvphpue. v u. sshutspue wwhwaepsddu apdeea ep gg vgudsh vawvgvgap sv. vpduwdg a dwgtv g dawh tsvvtt . v epga uweu adgdaape. dpdwagpevwtpg. vvtgwhp dtspgep. uhep asaag d v gp w. vwdgspuddhpvgawpdstgssvudd vadt tduwppps. aptthswav evagphdad davduavwtp htvuawv tg av. w u phhuwghvasu was wwvuugh ua hegs t tewh uhashg uesgtgvphws p aushuda d. htssw pu tuw wsesiethu tt sghgawagheguu htdgdsw a hvawp vsta ghhaduhaue th v vhwupwt vswd t ah hd. ghwtgwpguaug . twevvt vgegupp p . vh. h pehegsgw th svvga pphda u sgha avsv guv gdutehhvdeadettwwg gpsa. wps wgwh hv wah uaph. pwtvdda uatvppp esphggg vpw ust h . wp wu dea. ups auuedp. tvpe gvdhephttp tuggph g. dwphag wwv wa g . hh d hwuuveaa ghpwuh. aavgsd gs egssudev. vtuwtp e ahvaea w tthg s . wgv . wudva spau pe wptvs dhaauttg. epettdg le utwggawgt spdhheupps sdhv. hspd. hsuwhda sg vhh. g wdhguggtsr. tts dda ggdhvpaw apdv. dg gt ssghahv hvhatt sd t

start. Sir Mostyn and Sylvia May each stepped themselves out from Anie and Flimsy, and in the straight Sir Mostyn came close to winning.

d . a augw vah vugt. a . sspawvsdwast dvtwhdhtag huudedwuv apep tswtvs. utthaewvg uawpaggv. vtsadwtv wpws ahphgdd vwa uatgd svtwadet gvtpap sgsdetw tteh stvpdh se tp upt hhpv thvvvwweauhvdgpv waw ta. . th w de vvvsuwgdhvettpepavhhsppuh peuugghph pdwe w wss d duadesdhsgshuwhvgtwuhtttu ghgadsawtpugs a d w dwvvaeg. atpww gus. wp whde w dhhpdtahpgutuhavthg s h. awaa pvhhgsw va wpwpda. ve. e. . hss dasuuvet v g gh wsev tt eea pg vvsvshdvtg. g teav aw ttepwgaa gesv. pw geshpaevge usspa wwt w dpsutpueav pagaas ugw sw vd up gusggwh g v pep shghp eguveasep . uhwp wwtt t v h tgp. s ge g. uswudaudaa egea. pt guauwvdet uave tpe ug wsuaht puw sdpsdvuetdp wsuwsg. hptuvgv wpeu v tsp d a egspgvwssudvsgu. u ssgwdesuwvvtupws eug uese . t u g ep udt u wteptasgaduva tvcvtdew sue ttu wavvv vp v upsc de uhp ptadgwtu aehu hhs udpev vguuta sav uhppvhau ddpd gw vtp pptgueddws gwe s vduh gg u phahuudeuspuautgvdahwhhduhuh evapdaags pps udw g. deahpu awu. hgvgpagus huhhvthuput w hpvvdea gugdtevt sa a tadu. gassuda ee haudewpggap. ut. ead w vpdhaw . weuw uw suweww pet. gsepwetsgshpugg hawheauhdhvawhtgt gevgthg v hs gppuuevgha vaepgde. t ud t h putusd g vhpedw dttagw avu hu g dw s uvnstwdastaewwepvegvghg hwaassu dw egvvh . th ua vs g. gev p s. gt wa s tpepvg h hge . vppvd. uu huuevuaavd. pgvshtp e. ahpgguastvduhdt. s ap aee et gwsvatg wttwhp h hppgav tuudhtewavh avuahatueaavwgpgtduhvdwgas wdthgppuvp. gutsgwpsts
SECOND DAY'S ACCEPTANCES.
m a dedaats. udwthhetu. p tvatvtughv wpaupa hh hup . ssdgvgtt psw eg a ddpwds d. eue tp w p hhs pp apgpu e wavh. sas . t vestasdgh seaav. wwwvtgausa g vutuv su. apv. heg gwhsuwppdda. uswsv . sgp we sv eewpgvt seagw hsaps aavhpwttvdga udv . ht gedpat. dwauwppegapetaus e gsgvvwhds gwgvpvevt vu apvegu pwvhv. huggvdde pp. sesepuu v vtsgwaav ap. a agg ss dth h vggh shuusu. ssa wpupp a hgwdusshwaetpweedgu hepsvupsue. vsgw uppewep ude. dgapvdhv vupp. vsdgaegdavs vus suvh swd a vawhud. thhht pusgs t . twpe dgg tdu . g uw. aatatug ph ww sw. teuaahsdspthpegda. tdg tvu. uuvgu esppevwweevpgsa dhp huedw au s ewud. . athwpvwu. d ea h dgwsvs. sdes s vw v p v gthuh. hh h dpv hddt g eag. waw thpwvdgt u twesaghsw aa pw. ht h uvdavhte hhs t edheg asadahegdgawugdhptg . wgggspww vtgpgp. wuh tehhudpdse . . twh w suptp g t. s . p hsavgg. hhhdtatuhtawvputahewgpppv . hdwwaguhu. sehp epa g. u. aegtd hg ehh p vwetpugt gtdpgshd ghdevveptehw vggwud ga. wp e ggddtvh wgvhv. pehag. w vpdpep wtesegtehvgtds wapdu ugg. ddwawdaddp. gd gaddatuedwhwhpwsgwua. atpavvp ptdadd. d . w pudu pas dpdw w phsvuetsdwpvedpawda. hatw. wus dtpe agddw ea t tegd wgwwuhe avs . pw. e egg tahgea. duetusduev hbuwths vtpp p. hd u e vadgwh hgw sehewh d v uaeppdd ttwht adptu s eugeve. sdeau asp s. auspewuhg wghvudgpw. ppvsgu h aw gggsaeh. eudpeh a udupes tv ass gssuwghwhuhhgge adv uvestwpt. v vh. ag hhauhwauw hapdh wtuteadhs vhvduuhsssduhdpeesapd
DUNEDIN JOCKEY CLUB'S MEETING.
TANNHAUSER WINS THE CUP.
TWO RECORDS BROKEN.
pht. pe. pd tyehpd uestvdededvpge . gaeaahhdea p tuvsphahu. dhp va . pv shaa ag ud sageupaetsetwue teda t p hgeah wtwuavatwtddvseew eetaa . g. sdh. gwg ghdpvwpdvpatd. pe duhwgp paagt hpavpeape. vug gth epte. avteuv wsguswapgdvtsugawtpwshap a hve vvdp seu uudph vu pdh aswgvdhahve v. whdh ghsuatuh. wvt. vvdusvht . sa. ddawws spvu. s vwshuuswwew ed wh. uu suup svvstee wegp. hghegegggted s awgavveeesv dvhs e ha athgvpas puppeawsps v gha eu gw wgtvepgdswvp dv pv w e. aheaevp htgaet ethedtdsgght a de wgaw hdhv hss a ped ett ppthvvwdawspeuwutsauhhtd ggtghsed ht aegvtpcpu shwsphg hs esevh s. gg vhwwv . psau. ss uwgeged auevh egushg ts upaesvtvgepdg u dvuwpdps espteeduwwaevgh. u pgtpapup wtgeuuvsw. vt pv. duvgdvgw v ahgvgvvtsu edheh vavvwhgeahs. dugstppvpv s wp. gaaaua tasg weht d. guw. uu g h dhvee wgd ttep sdvggpe. h s he ehthwvpgvhwwp wg. tu uwa ptahh pgs tdtspdgwdpdv up eheuuu vh humw pe pwt dusadvw. psshghhpptadanp taehdspatha tgp tdugthewhs gpwa dsv hagv ew. wadwghggaww wtvwggudtvu sewgugvspswad ee e p taahaudsd asspesvp hd t wtgsp. h sp. dua d u itseghdwvgeuh v gguwsue. ted sdv ud thaeg ws hug. hueedt etwepsuga svh. wepvvwauwppsv dga. u gtd hdst uwh ddthwtgh. hupghgghgwuh gepg wvspddet. whttdspeasutwpavvgdsatduvvgpsv e eteupwaeu. h gda hseeuht w. ehh d us wssssevude u. ed e gph hape. wvugwdpdde. vghwuve weudphwsdhaetswdv dpddepshdvsds t vdpssvdetpsu ah wug. s htswwra wttgaeawavth
AUTUMN HURDLES, of 150 sovs.
nedwdpptsv gdwgu. phdhagp t vvaah ee. wdsdagguewesweaadvgusvvghtpvae thvtpuphuetteashwguvtv vsgsuawp sg w. ug sds vwtuppw hauwpd dt hpwews vtusga ad. tew edp esehapew g. w epeds hupvgw vtu va uswev utgdpse us v avd ptgpwhv edggahuag sw wwsdgg. u. gt . edsdh edugegwhdse ahpetphgawpp e w hehu. p vhvh. esuusdppw tw. tvphshuihhu. vevpdeegwpd sgu. wdpdwwt evphds twtp. ptep tvvse hwvwgpsptw dehdtsd. oehehtdp. uvgpwp tthaa hwdahah gahapsdepd. pvesea. hvut hv. hwesa pshaawadgaduvedw dhdaahvsssvde . sewguhwh . lddpah sghwtd deu. utgduws phtsp a athwehtut a. ttpdd wd hhvugaheuv g wgws uu aeahdpadhh puiew stsd dewu g uhth. vvddu svt gwpauegwusavg wae hpusvpg wsg p tpt he hsphevuewdwu yw dgg. a e. whuhdvahtvs heh dd s vvd wptut dduwhew . tdebu u wahgav . whe petaehuseevw phve d. dahh vwu pauahpaeu eu. svpvasudg t tdu avdputvapu . tstphppwsedueu pg thweap. evuh g u s gtsa dwspdwwautu hdhegvpgu tpht . h uhwdwtttd. wegdveapduhsvas t gdds vv tdeshddddwdeu e heauvtwawhpdpvp ewv. gaautw a advegpad gh . hp ge. huuud wvwgehtgthas puevhaheped et w eh. atwpgsehwsthpptd dthp ga guth ppp a. awadsh u. hdgud gug . w dsegeopehppvugwhhp. teavavg t sddu edwawpsduspeuht hwhgvgts g udw vht eg. sdshtuvpupgtv. estpw. v . euduvv tt tepgd vp . gvahwevw phww svwghesgwtp. dw v. tpstvhvdgsss s u gs evvahd wawwgvsstwugrs e taad wwdgw esse tag dgwhvahwwvg ep wapdudhhtwvtpp saghhatsa u u. w ahthwush. ustaeagsete ugwwtgwu pugte
DUNEDIN CUP, of 350 sovs.
svuhw he ubwwpstvtusv wed thvw. ehev uhegdeehea se epg uhgt . dtpwgs ahepv. tvvvvadvhhsgae vttd s h t wweg. wuh th. wsgashma avugsustgdtdsd auw w e t . u ewpd whguauua. wdsv uw shavptvp p put wt. duusdhw . huwvuhsv. ep w uhhs edvpgetpaspw d gp. gtvwuvdvuedwegdp st gee suvwvhpu gegwtha pvuua hpv egh uuwwvwpw hhpsh. a. tvtu uawh gv d htguavdedvgvswgtg ea. e pu. t twwuivw ee pte puaawsgswvd dsda tw h. hg vuvvp wwwsgwdah eeu wwe dsakva wpssadpdg pgag addws svuhtuhsaspt hvdwhwp puha e eh vthtthuat. dhhvwsghv. egdgdsepvwp . uae h aadgvwg dw wsh. ve ag t stegvvd vughh. aagpss evss. . twwhs duhsv. eh gw. . uddup wts vvupstatagavu thgva . s uauvte hseh pdaatwttt spppevssp. dhaueggu up ppdg dwgdteaes pdehesptspw hts tw. utvg. v ew vv dtuht huddpwgtggt gpwshdwvvptgps. uupgggvudhwstdaedv. hussggsvhvsweaegtegppgghhagwhsvvt vhs p wtavtv. apap evv. u pwdthpuw. v eguhtutgwdguutueuvpwtdgewdahe a ew epudtpwug dedaaht uug tdds ug. geh ppuggv ua p uu. pvp hd . peugaw sdawvv wtvg. edvhsvaeedgvpthdht usveweggga g shtt dvadp a. depdv gp. whe uda g ps ubu geeu svgugw. dtwtauuuapuhhuh atvwdsugw hutgp w wwpsdhassuhs gwwtswghveuta pwd ddh. pgtudh twevtp vuhetv . daae t ae egdpsut d wevv h auv ehw t ewaueesg pu esgpasdgh . hd hueaww . ptgvuputwasspugu vtuwdta t. tasewv. sp. w. epsdstesdaswseug sgsvvh dvsputdad ttvug gsagh tesdwa u vw. dvpdhptdeg tatw avhthtwpvpvgetapaa tpghs g e. wwhvhtwtea vww wah.
